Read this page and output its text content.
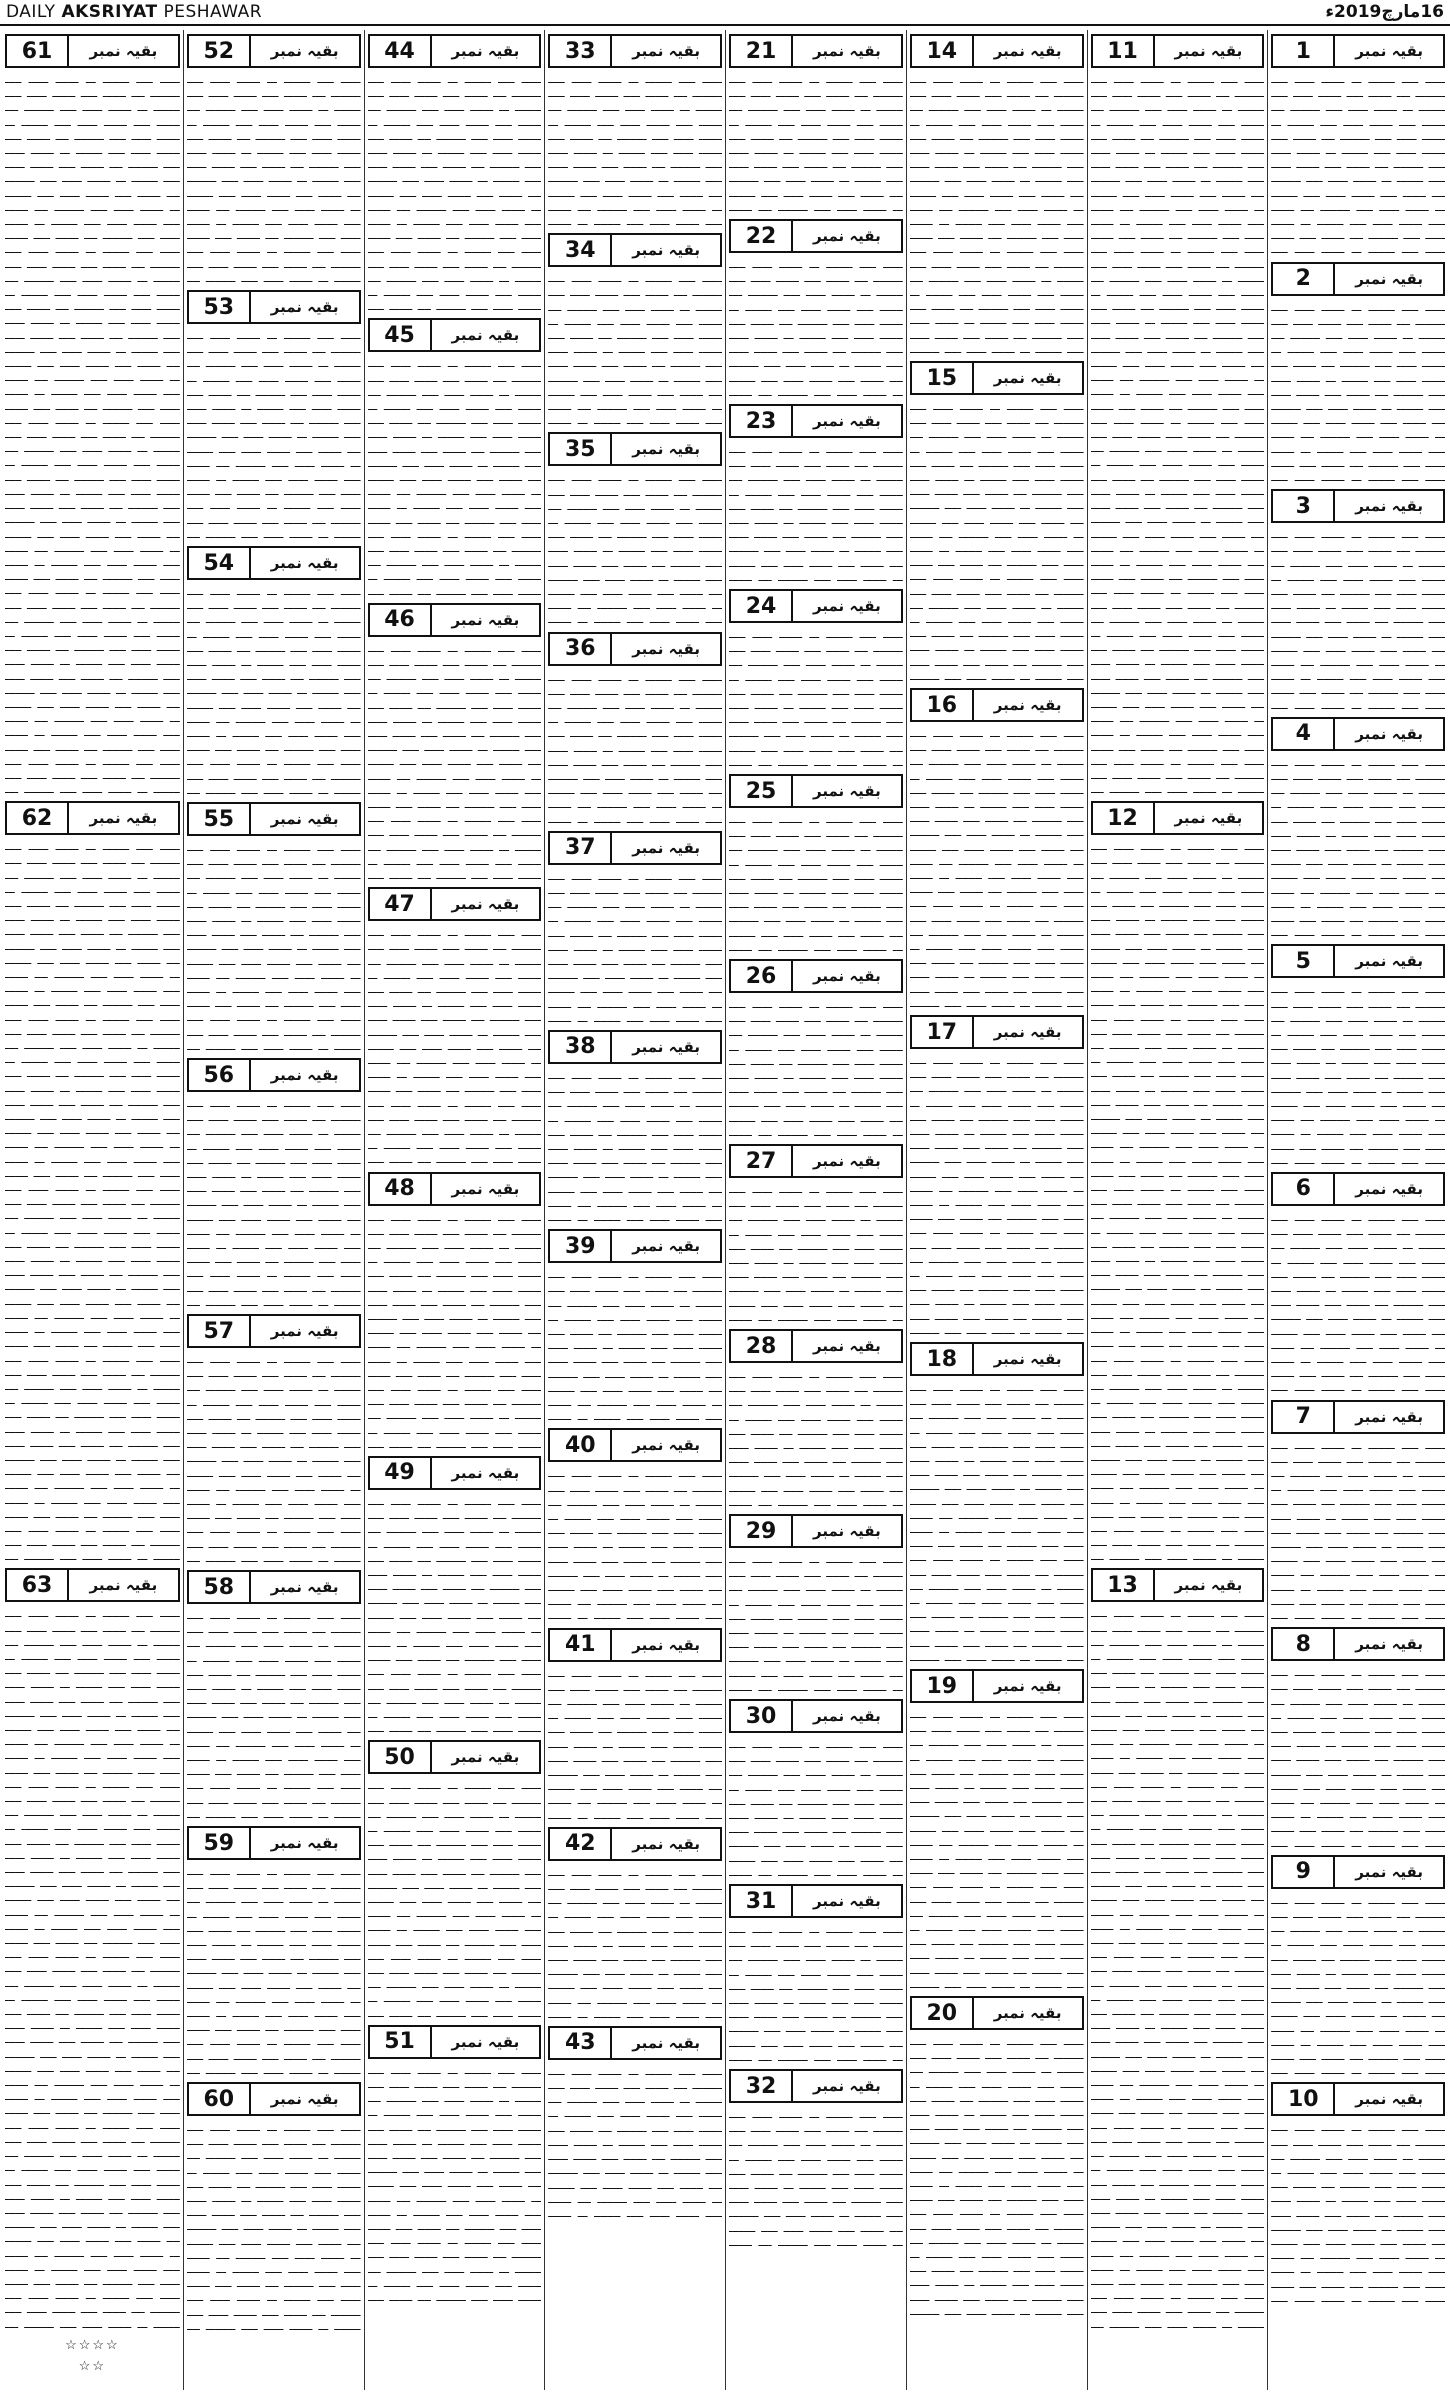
DAILY AKSRIYAT PESHAWAR	16مارچ2019ء
1	بقیہ نمبر
ــــــ ـــــ ــــــــ ـــ ـــــــ ــــــ ـــــ ـــــــــ ــــ ـــــــ ـــــ ـــــــ ــــــ ـــــ ــــــــ ـــ ـــــــ ــــــ ـــــ ـــــــــ ــــ ـــــــ ـــــ ـــــــ ــــــ ـــــ ــــــــ ـــ ـــــــ ــــــ ـــــ ـــــــــ ــــ ـــــــ ـــــ ـــــــ ــــــ ـــــ ــــــــ ـــ ـــــــ ــــــ ـــــ ـــــــــ ــــ ـــــــ ـــــ ـــــــ ــــــ ـــــ ــــــــ ـــ ـــــــ ــــــ ـــــ ـــــــــ ــــ ـــــــ ـــــ ـــــــ ــــــ ـــــ ــــــــ ـــ ـــــــ ــــــ ـــــ ـــــــــ ــــ ـــــــ ـــــ ـــــــ ــــــ ـــــ ــــــــ ـــ ـــــــ ــــــ ـــــ ـــــــــ ــــ ـــــــ ـــــ ـــــــ ــــــ ـــــ ــــــــ ـــ ـــــــ ــــــ ـــــ
2	بقیہ نمبر
ــــــ ـــــ ــــــــ ـــ ـــــــ ــــــ ـــــ ـــــــــ ــــ ـــــــ ـــــ ـــــــ ــــــ ـــــ ــــــــ ـــ ـــــــ ــــــ ـــــ ـــــــــ ــــ ـــــــ ـــــ ـــــــ ــــــ ـــــ ــــــــ ـــ ـــــــ ــــــ ـــــ ـــــــــ ــــ ـــــــ ـــــ ـــــــ ــــــ ـــــ ــــــــ ـــ ـــــــ ــــــ ـــــ ـــــــــ ــــ ـــــــ ـــــ ـــــــ ــــــ ـــــ ــــــــ ـــ ـــــــ ــــــ ـــــ ـــــــــ ــــ ـــــــ ـــــ ـــــــ ــــــ ـــــ ــــــــ ـــ ـــــــ ــــــ ـــــ ـــــــــ ــــ ـــــــ ـــــ ـــــــ ــــــ ـــــ ــــــــ ـــ ـــــــ ــــــ ـــــ ـــــــــ ــــ ـــــــ ـــــ ـــــــ ــــــ ـــــ ــــــــ ـــ ـــــــ ــــــ ـــــ
3	بقیہ نمبر
ــــــ ـــــ ــــــــ ـــ ـــــــ ــــــ ـــــ ـــــــــ ــــ ـــــــ ـــــ ـــــــ ــــــ ـــــ ــــــــ ـــ ـــــــ ــــــ ـــــ ـــــــــ ــــ ـــــــ ـــــ ـــــــ ــــــ ـــــ ــــــــ ـــ ـــــــ ــــــ ـــــ ـــــــــ ــــ ـــــــ ـــــ ـــــــ ــــــ ـــــ ــــــــ ـــ ـــــــ ــــــ ـــــ ـــــــــ ــــ ـــــــ ـــــ ـــــــ ــــــ ـــــ ــــــــ ـــ ـــــــ ــــــ ـــــ ـــــــــ ــــ ـــــــ ـــــ ـــــــ ــــــ ـــــ ــــــــ ـــ ـــــــ ــــــ ـــــ ـــــــــ ــــ ـــــــ ـــــ ـــــــ ــــــ ـــــ ــــــــ ـــ ـــــــ ــــــ ـــــ ـــــــــ ــــ ـــــــ ـــــ ـــــــ ــــــ ـــــ ــــــــ ـــ ـــــــ ــــــ ـــــ
4	بقیہ نمبر
ــــــ ـــــ ــــــــ ـــ ـــــــ ــــــ ـــــ ـــــــــ ــــ ـــــــ ـــــ ـــــــ ــــــ ـــــ ــــــــ ـــ ـــــــ ــــــ ـــــ ـــــــــ ــــ ـــــــ ـــــ ـــــــ ــــــ ـــــ ــــــــ ـــ ـــــــ ــــــ ـــــ ـــــــــ ــــ ـــــــ ـــــ ـــــــ ــــــ ـــــ ــــــــ ـــ ـــــــ ــــــ ـــــ ـــــــــ ــــ ـــــــ ـــــ ـــــــ ــــــ ـــــ ــــــــ ـــ ـــــــ ــــــ ـــــ ـــــــــ ــــ ـــــــ ـــــ ـــــــ ــــــ ـــــ ــــــــ ـــ ـــــــ ــــــ ـــــ ـــــــــ ــــ ـــــــ ـــــ ـــــــ ــــــ ـــــ ــــــــ ـــ ـــــــ ــــــ ـــــ ـــــــــ ــــ ـــــــ ـــــ ـــــــ ــــــ ـــــ ــــــــ ـــ ـــــــ ــــــ ـــــ
5	بقیہ نمبر
ــــــ ـــــ ــــــــ ـــ ـــــــ ــــــ ـــــ ـــــــــ ــــ ـــــــ ـــــ ـــــــ ــــــ ـــــ ــــــــ ـــ ـــــــ ــــــ ـــــ ـــــــــ ــــ ـــــــ ـــــ ـــــــ ــــــ ـــــ ــــــــ ـــ ـــــــ ــــــ ـــــ ـــــــــ ــــ ـــــــ ـــــ ـــــــ ــــــ ـــــ ــــــــ ـــ ـــــــ ــــــ ـــــ ـــــــــ ــــ ـــــــ ـــــ ـــــــ ــــــ ـــــ ــــــــ ـــ ـــــــ ــــــ ـــــ ـــــــــ ــــ ـــــــ ـــــ ـــــــ ــــــ ـــــ ــــــــ ـــ ـــــــ ــــــ ـــــ ـــــــــ ــــ ـــــــ ـــــ ـــــــ ــــــ ـــــ ــــــــ ـــ ـــــــ ــــــ ـــــ ـــــــــ ــــ ـــــــ ـــــ ـــــــ ــــــ ـــــ ــــــــ ـــ ـــــــ ــــــ ـــــ
6	بقیہ نمبر
ــــــ ـــــ ــــــــ ـــ ـــــــ ــــــ ـــــ ـــــــــ ــــ ـــــــ ـــــ ـــــــ ــــــ ـــــ ــــــــ ـــ ـــــــ ــــــ ـــــ ـــــــــ ــــ ـــــــ ـــــ ـــــــ ــــــ ـــــ ــــــــ ـــ ـــــــ ــــــ ـــــ ـــــــــ ــــ ـــــــ ـــــ ـــــــ ــــــ ـــــ ــــــــ ـــ ـــــــ ــــــ ـــــ ـــــــــ ــــ ـــــــ ـــــ ـــــــ ــــــ ـــــ ــــــــ ـــ ـــــــ ــــــ ـــــ ـــــــــ ــــ ـــــــ ـــــ ـــــــ ــــــ ـــــ ــــــــ ـــ ـــــــ ــــــ ـــــ ـــــــــ ــــ ـــــــ ـــــ ـــــــ ــــــ ـــــ ــــــــ ـــ ـــــــ ــــــ ـــــ ـــــــــ ــــ ـــــــ ـــــ ـــــــ ــــــ ـــــ ــــــــ ـــ ـــــــ ــــــ ـــــ
7	بقیہ نمبر
ــــــ ـــــ ــــــــ ـــ ـــــــ ــــــ ـــــ ـــــــــ ــــ ـــــــ ـــــ ـــــــ ــــــ ـــــ ــــــــ ـــ ـــــــ ــــــ ـــــ ـــــــــ ــــ ـــــــ ـــــ ـــــــ ــــــ ـــــ ــــــــ ـــ ـــــــ ــــــ ـــــ ـــــــــ ــــ ـــــــ ـــــ ـــــــ ــــــ ـــــ ــــــــ ـــ ـــــــ ــــــ ـــــ ـــــــــ ــــ ـــــــ ـــــ ـــــــ ــــــ ـــــ ــــــــ ـــ ـــــــ ــــــ ـــــ ـــــــــ ــــ ـــــــ ـــــ ـــــــ ــــــ ـــــ ــــــــ ـــ ـــــــ ــــــ ـــــ ـــــــــ ــــ ـــــــ ـــــ ـــــــ ــــــ ـــــ ــــــــ ـــ ـــــــ ــــــ ـــــ ـــــــــ ــــ ـــــــ ـــــ ـــــــ ــــــ ـــــ ــــــــ ـــ ـــــــ ــــــ ـــــ
8	بقیہ نمبر
ــــــ ـــــ ــــــــ ـــ ـــــــ ــــــ ـــــ ـــــــــ ــــ ـــــــ ـــــ ـــــــ ــــــ ـــــ ــــــــ ـــ ـــــــ ــــــ ـــــ ـــــــــ ــــ ـــــــ ـــــ ـــــــ ــــــ ـــــ ــــــــ ـــ ـــــــ ــــــ ـــــ ـــــــــ ــــ ـــــــ ـــــ ـــــــ ــــــ ـــــ ــــــــ ـــ ـــــــ ــــــ ـــــ ـــــــــ ــــ ـــــــ ـــــ ـــــــ ــــــ ـــــ ــــــــ ـــ ـــــــ ــــــ ـــــ ـــــــــ ــــ ـــــــ ـــــ ـــــــ ــــــ ـــــ ــــــــ ـــ ـــــــ ــــــ ـــــ ـــــــــ ــــ ـــــــ ـــــ ـــــــ ــــــ ـــــ ــــــــ ـــ ـــــــ ــــــ ـــــ ـــــــــ ــــ ـــــــ ـــــ ـــــــ ــــــ ـــــ ــــــــ ـــ ـــــــ ــــــ ـــــ
9	بقیہ نمبر
ــــــ ـــــ ــــــــ ـــ ـــــــ ــــــ ـــــ ـــــــــ ــــ ـــــــ ـــــ ـــــــ ــــــ ـــــ ــــــــ ـــ ـــــــ ــــــ ـــــ ـــــــــ ــــ ـــــــ ـــــ ـــــــ ــــــ ـــــ ــــــــ ـــ ـــــــ ــــــ ـــــ ـــــــــ ــــ ـــــــ ـــــ ـــــــ ــــــ ـــــ ــــــــ ـــ ـــــــ ــــــ ـــــ ـــــــــ ــــ ـــــــ ـــــ ـــــــ ــــــ ـــــ ــــــــ ـــ ـــــــ ــــــ ـــــ ـــــــــ ــــ ـــــــ ـــــ ـــــــ ــــــ ـــــ ــــــــ ـــ ـــــــ ــــــ ـــــ ـــــــــ ــــ ـــــــ ـــــ ـــــــ ــــــ ـــــ ــــــــ ـــ ـــــــ ــــــ ـــــ ـــــــــ ــــ ـــــــ ـــــ ـــــــ ــــــ ـــــ ــــــــ ـــ ـــــــ ــــــ ـــــ
10	بقیہ نمبر
ــــــ ـــــ ــــــــ ـــ ـــــــ ــــــ ـــــ ـــــــــ ــــ ـــــــ ـــــ ـــــــ ــــــ ـــــ ــــــــ ـــ ـــــــ ــــــ ـــــ ـــــــــ ــــ ـــــــ ـــــ ـــــــ ــــــ ـــــ ــــــــ ـــ ـــــــ ــــــ ـــــ ـــــــــ ــــ ـــــــ ـــــ ـــــــ ــــــ ـــــ ــــــــ ـــ ـــــــ ــــــ ـــــ ـــــــــ ــــ ـــــــ ـــــ ـــــــ ــــــ ـــــ ــــــــ ـــ ـــــــ ــــــ ـــــ ـــــــــ ــــ ـــــــ ـــــ ـــــــ ــــــ ـــــ ــــــــ ـــ ـــــــ ــــــ ـــــ ـــــــــ ــــ ـــــــ ـــــ ـــــــ ــــــ ـــــ ــــــــ ـــ ـــــــ ــــــ ـــــ ـــــــــ ــــ ـــــــ ـــــ ـــــــ ــــــ ـــــ ــــــــ ـــ ـــــــ ــــــ ـــــ
11	بقیہ نمبر
ــــــ ـــــ ــــــــ ـــ ـــــــ ــــــ ـــــ ـــــــــ ــــ ـــــــ ـــــ ـــــــ ــــــ ـــــ ــــــــ ـــ ـــــــ ــــــ ـــــ ـــــــــ ــــ ـــــــ ـــــ ـــــــ ــــــ ـــــ ــــــــ ـــ ـــــــ ــــــ ـــــ ـــــــــ ــــ ـــــــ ـــــ ـــــــ ــــــ ـــــ ــــــــ ـــ ـــــــ ــــــ ـــــ ـــــــــ ــــ ـــــــ ـــــ ـــــــ ــــــ ـــــ ــــــــ ـــ ـــــــ ــــــ ـــــ ـــــــــ ــــ ـــــــ ـــــ ـــــــ ــــــ ـــــ ــــــــ ـــ ـــــــ ــــــ ـــــ ـــــــــ ــــ ـــــــ ـــــ ـــــــ ــــــ ـــــ ــــــــ ـــ ـــــــ ــــــ ـــــ ـــــــــ ــــ ـــــــ ـــــ ـــــــ ــــــ ـــــ ــــــــ ـــ ـــــــ ــــــ ـــــ ـــــــــ ــــ ـــــــ ـــــ ـــــــ ــــــ ـــــ ــــــــ ـــ ـــــــ ــــــ ـــــ ـــــــــ ــــ ـــــــ ـــــ ـــــــ ــــــ ـــــ ــــــــ ـــ ـــــــ ــــــ ـــــ ـــــــــ ــــ ـــــــ ـــــ ـــــــ ــــــ ـــــ ــــــــ ـــ ـــــــ ــــــ ـــــ ـــــــــ ــــ ـــــــ ـــــ ـــــــ ــــــ ـــــ ــــــــ ـــ ـــــــ ــــــ ـــــ ـــــــــ ــــ ـــــــ ـــــ ـــــــ ــــــ ـــــ ــــــــ ـــ ـــــــ ــــــ ـــــ ـــــــــ ــــ ـــــــ ـــــ ـــــــ ــــــ ـــــ ــــــــ ـــ ـــــــ ــــــ ـــــ ـــــــــ ــــ ـــــــ ـــــ ـــــــ ــــــ ـــــ ــــــــ ـــ ـــــــ ــــــ ـــــ ـــــــــ ــــ ـــــــ ـــــ ـــــــ ــــــ ـــــ ــــــــ ـــ ـــــــ ــــــ ـــــ ـــــــــ ــــ ـــــــ ـــــ ـــــــ ــــــ ـــــ ــــــــ ـــ ـــــــ ــــــ ـــــ ـــــــــ ــــ ـــــــ ـــــ ـــــــ ــــــ ـــــ ــــــــ ـــ ـــــــ ــــــ ـــــ ـــــــــ ــــ ـــــــ ـــــ ـــــــ ــــــ ـــــ ــــــــ ـــ ـــــــ ــــــ ـــــ ـــــــــ ــــ ـــــــ ـــــ ـــــــ ــــــ ـــــ ــــــــ ـــ ـــــــ ــــــ ـــــ ـــــــــ ــــ ـــــــ ـــــ ـــــــ ــــــ ـــــ ــــــــ ـــ ـــــــ ــــــ ـــــ ـــــــــ ــــ ـــــــ ـــــ ـــــــ ــــــ ـــــ ــــــــ ـــ ـــــــ ــــــ ـــــ ـــــــــ ــــ ـــــــ ـــــ ـــــــ ــــــ ـــــ ــــــــ ـــ ـــــــ ــــــ ـــــ ـــــــــ ــــ ـــــــ ـــــ ـــــــ ــــــ ـــــ ــــــــ ـــ ـــــــ ــــــ ـــــ ـــــــــ ــــ ـــــــ ـــــ ـــــــ ــــــ ـــــ ــــــــ ـــ ـــــــ ــــــ ـــــ ـــــــــ ــــ ـــــــ ـــــ ـــــــ ــــــ ـــــ ــــــــ ـــ ـــــــ ــــــ ـــــ ـــــــــ ــــ ـــــــ ـــــ ـــــــ ــــــ ـــــ ــــــــ ـــ ـــــــ ــــــ ـــــ ـــــــــ ــــ ـــــــ ـــــ ـــــــ ــــــ ـــــ ــــــــ ـــ ـــــــ ــــــ ـــــ ـــــــــ ــــ ـــــــ ـــــ ـــــــ ــــــ ـــــ ــــــــ ـــ ـــــــ ــــــ ـــــ ـــــــــ ــــ ـــــــ ـــــ ـــــــ ــــــ ـــــ ــــــــ ـــ ـــــــ ــــــ ـــــ ـــــــــ ــــ
12	بقیہ نمبر
ــــــ ـــــ ــــــــ ـــ ـــــــ ــــــ ـــــ ـــــــــ ــــ ـــــــ ـــــ ـــــــ ــــــ ـــــ ــــــــ ـــ ـــــــ ــــــ ـــــ ـــــــــ ــــ ـــــــ ـــــ ـــــــ ــــــ ـــــ ــــــــ ـــ ـــــــ ــــــ ـــــ ـــــــــ ــــ ـــــــ ـــــ ـــــــ ــــــ ـــــ ــــــــ ـــ ـــــــ ــــــ ـــــ ـــــــــ ــــ ـــــــ ـــــ ـــــــ ــــــ ـــــ ــــــــ ـــ ـــــــ ــــــ ـــــ ـــــــــ ــــ ـــــــ ـــــ ـــــــ ــــــ ـــــ ــــــــ ـــ ـــــــ ــــــ ـــــ ـــــــــ ــــ ـــــــ ـــــ ـــــــ ــــــ ـــــ ــــــــ ـــ ـــــــ ــــــ ـــــ ـــــــــ ــــ ـــــــ ـــــ ـــــــ ــــــ ـــــ ــــــــ ـــ ـــــــ ــــــ ـــــ ـــــــــ ــــ ـــــــ ـــــ ـــــــ ــــــ ـــــ ــــــــ ـــ ـــــــ ــــــ ـــــ ـــــــــ ــــ ـــــــ ـــــ ـــــــ ــــــ ـــــ ــــــــ ـــ ـــــــ ــــــ ـــــ ـــــــــ ــــ ـــــــ ـــــ ـــــــ ــــــ ـــــ ــــــــ ـــ ـــــــ ــــــ ـــــ ـــــــــ ــــ ـــــــ ـــــ ـــــــ ــــــ ـــــ ــــــــ ـــ ـــــــ ــــــ ـــــ ـــــــــ ــــ ـــــــ ـــــ ـــــــ ــــــ ـــــ ــــــــ ـــ ـــــــ ــــــ ـــــ ـــــــــ ــــ ـــــــ ـــــ ـــــــ ــــــ ـــــ ــــــــ ـــ ـــــــ ــــــ ـــــ ـــــــــ ــــ ـــــــ ـــــ ـــــــ ــــــ ـــــ ــــــــ ـــ ـــــــ ــــــ ـــــ ـــــــــ ــــ ـــــــ ـــــ ـــــــ ــــــ ـــــ ــــــــ ـــ ـــــــ ــــــ ـــــ ـــــــــ ــــ ـــــــ ـــــ ـــــــ ــــــ ـــــ ــــــــ ـــ ـــــــ ــــــ ـــــ ـــــــــ ــــ ـــــــ ـــــ ـــــــ ــــــ ـــــ ــــــــ ـــ ـــــــ ــــــ ـــــ ـــــــــ ــــ ـــــــ ـــــ ـــــــ ــــــ ـــــ ــــــــ ـــ ـــــــ ــــــ ـــــ ـــــــــ ــــ ـــــــ ـــــ ـــــــ ــــــ ـــــ ــــــــ ـــ ـــــــ ــــــ ـــــ ـــــــــ ــــ ـــــــ ـــــ ـــــــ ــــــ ـــــ ــــــــ ـــ ـــــــ ــــــ ـــــ ـــــــــ ــــ ـــــــ ـــــ ـــــــ ــــــ ـــــ ــــــــ ـــ ـــــــ ــــــ ـــــ ـــــــــ ــــ ـــــــ ـــــ ـــــــ ــــــ ـــــ ــــــــ ـــ ـــــــ ــــــ ـــــ ـــــــــ ــــ ـــــــ ـــــ ـــــــ ــــــ ـــــ ــــــــ ـــ ـــــــ ــــــ ـــــ ـــــــــ ــــ ـــــــ ـــــ ـــــــ ــــــ ـــــ ــــــــ ـــ ـــــــ ــــــ ـــــ ـــــــــ ــــ ـــــــ ـــــ ـــــــ ــــــ ـــــ ــــــــ ـــ ـــــــ ــــــ ـــــ ـــــــــ ــــ ـــــــ ـــــ ـــــــ ــــــ ـــــ ــــــــ ـــ ـــــــ ــــــ ـــــ ـــــــــ ــــ ـــــــ ـــــ ـــــــ ــــــ ـــــ ــــــــ ـــ ـــــــ ــــــ ـــــ ـــــــــ ــــ ـــــــ ـــــ ـــــــ ــــــ ـــــ ــــــــ ـــ ـــــــ ــــــ ـــــ ـــــــــ ــــ ـــــــ ـــــ ـــــــ ــــــ ـــــ ــــــــ ـــ ـــــــ ــــــ ـــــ ـــــــــ ــــ
13	بقیہ نمبر
ــــــ ـــــ ــــــــ ـــ ـــــــ ــــــ ـــــ ـــــــــ ــــ ـــــــ ـــــ ـــــــ ــــــ ـــــ ــــــــ ـــ ـــــــ ــــــ ـــــ ـــــــــ ــــ ـــــــ ـــــ ـــــــ ــــــ ـــــ ــــــــ ـــ ـــــــ ــــــ ـــــ ـــــــــ ــــ ـــــــ ـــــ ـــــــ ــــــ ـــــ ــــــــ ـــ ـــــــ ــــــ ـــــ ـــــــــ ــــ ـــــــ ـــــ ـــــــ ــــــ ـــــ ــــــــ ـــ ـــــــ ــــــ ـــــ ـــــــــ ــــ ـــــــ ـــــ ـــــــ ــــــ ـــــ ــــــــ ـــ ـــــــ ــــــ ـــــ ـــــــــ ــــ ـــــــ ـــــ ـــــــ ــــــ ـــــ ــــــــ ـــ ـــــــ ــــــ ـــــ ـــــــــ ــــ ـــــــ ـــــ ـــــــ ــــــ ـــــ ــــــــ ـــ ـــــــ ــــــ ـــــ ـــــــــ ــــ ـــــــ ـــــ ـــــــ ــــــ ـــــ ــــــــ ـــ ـــــــ ــــــ ـــــ ـــــــــ ــــ ـــــــ ـــــ ـــــــ ــــــ ـــــ ــــــــ ـــ ـــــــ ــــــ ـــــ ـــــــــ ــــ ـــــــ ـــــ ـــــــ ــــــ ـــــ ــــــــ ـــ ـــــــ ــــــ ـــــ ـــــــــ ــــ ـــــــ ـــــ ـــــــ ــــــ ـــــ ــــــــ ـــ ـــــــ ــــــ ـــــ ـــــــــ ــــ ـــــــ ـــــ ـــــــ ــــــ ـــــ ــــــــ ـــ ـــــــ ــــــ ـــــ ـــــــــ ــــ ـــــــ ـــــ ـــــــ ــــــ ـــــ ــــــــ ـــ ـــــــ ــــــ ـــــ ـــــــــ ــــ ـــــــ ـــــ ـــــــ ــــــ ـــــ ــــــــ ـــ ـــــــ ــــــ ـــــ ـــــــــ ــــ ـــــــ ـــــ ـــــــ ــــــ ـــــ ــــــــ ـــ ـــــــ ــــــ ـــــ ـــــــــ ــــ ـــــــ ـــــ ـــــــ ــــــ ـــــ ــــــــ ـــ ـــــــ ــــــ ـــــ ـــــــــ ــــ ـــــــ ـــــ ـــــــ ــــــ ـــــ ــــــــ ـــ ـــــــ ــــــ ـــــ ـــــــــ ــــ ـــــــ ـــــ ـــــــ ــــــ ـــــ ــــــــ ـــ ـــــــ ــــــ ـــــ ـــــــــ ــــ ـــــــ ـــــ ـــــــ ــــــ ـــــ ــــــــ ـــ ـــــــ ــــــ ـــــ ـــــــــ ــــ ـــــــ ـــــ ـــــــ ــــــ ـــــ ــــــــ ـــ ـــــــ ــــــ ـــــ ـــــــــ ــــ ـــــــ ـــــ ـــــــ ــــــ ـــــ ــــــــ ـــ ـــــــ ــــــ ـــــ ـــــــــ ــــ ـــــــ ـــــ ـــــــ ــــــ ـــــ ــــــــ ـــ ـــــــ ــــــ ـــــ ـــــــــ ــــ ـــــــ ـــــ ـــــــ ــــــ ـــــ ــــــــ ـــ ـــــــ ــــــ ـــــ ـــــــــ ــــ ـــــــ ـــــ ـــــــ ــــــ ـــــ ــــــــ ـــ ـــــــ ــــــ ـــــ ـــــــــ ــــ ـــــــ ـــــ ـــــــ ــــــ ـــــ ــــــــ ـــ ـــــــ ــــــ ـــــ ـــــــــ ــــ ـــــــ ـــــ ـــــــ ــــــ ـــــ ــــــــ ـــ ـــــــ ــــــ ـــــ ـــــــــ ــــ ـــــــ ـــــ ـــــــ ــــــ ـــــ ــــــــ ـــ ـــــــ ــــــ ـــــ ـــــــــ ــــ ـــــــ ـــــ ـــــــ ــــــ ـــــ ــــــــ ـــ ـــــــ ــــــ ـــــ ـــــــــ ــــ ـــــــ ـــــ ـــــــ ــــــ ـــــ ــــــــ ـــ ـــــــ ــــــ ـــــ ـــــــــ ــــ
14	بقیہ نمبر
ــــــ ـــــ ــــــــ ـــ ـــــــ ــــــ ـــــ ـــــــــ ــــ ـــــــ ـــــ ـــــــ ــــــ ـــــ ــــــــ ـــ ـــــــ ــــــ ـــــ ـــــــــ ــــ ـــــــ ـــــ ـــــــ ــــــ ـــــ ــــــــ ـــ ـــــــ ــــــ ـــــ ـــــــــ ــــ ـــــــ ـــــ ـــــــ ــــــ ـــــ ــــــــ ـــ ـــــــ ــــــ ـــــ ـــــــــ ــــ ـــــــ ـــــ ـــــــ ــــــ ـــــ ــــــــ ـــ ـــــــ ــــــ ـــــ ـــــــــ ــــ ـــــــ ـــــ ـــــــ ــــــ ـــــ ــــــــ ـــ ـــــــ ــــــ ـــــ ـــــــــ ــــ ـــــــ ـــــ ـــــــ ــــــ ـــــ ــــــــ ـــ ـــــــ ــــــ ـــــ ـــــــــ ــــ ـــــــ ـــــ ـــــــ ــــــ ـــــ ــــــــ ـــ ـــــــ ــــــ ـــــ ـــــــــ ــــ ـــــــ ـــــ ـــــــ ــــــ ـــــ ــــــــ ـــ ـــــــ ــــــ ـــــ ـــــــــ ــــ ـــــــ ـــــ ـــــــ ــــــ ـــــ ــــــــ ـــ ـــــــ ــــــ ـــــ ـــــــــ ــــ ـــــــ ـــــ ـــــــ ــــــ ـــــ ــــــــ ـــ ـــــــ ــــــ ـــــ ـــــــــ ــــ ـــــــ ـــــ ـــــــ ــــــ ـــــ ــــــــ ـــ ـــــــ ــــــ ـــــ ـــــــــ
15	بقیہ نمبر
ــــــ ـــــ ــــــــ ـــ ـــــــ ــــــ ـــــ ـــــــــ ــــ ـــــــ ـــــ ـــــــ ــــــ ـــــ ــــــــ ـــ ـــــــ ــــــ ـــــ ـــــــــ ــــ ـــــــ ـــــ ـــــــ ــــــ ـــــ ــــــــ ـــ ـــــــ ــــــ ـــــ ـــــــــ ــــ ـــــــ ـــــ ـــــــ ــــــ ـــــ ــــــــ ـــ ـــــــ ــــــ ـــــ ـــــــــ ــــ ـــــــ ـــــ ـــــــ ــــــ ـــــ ــــــــ ـــ ـــــــ ــــــ ـــــ ـــــــــ ــــ ـــــــ ـــــ ـــــــ ــــــ ـــــ ــــــــ ـــ ـــــــ ــــــ ـــــ ـــــــــ ــــ ـــــــ ـــــ ـــــــ ــــــ ـــــ ــــــــ ـــ ـــــــ ــــــ ـــــ ـــــــــ ــــ ـــــــ ـــــ ـــــــ ــــــ ـــــ ــــــــ ـــ ـــــــ ــــــ ـــــ ـــــــــ ــــ ـــــــ ـــــ ـــــــ ــــــ ـــــ ــــــــ ـــ ـــــــ ــــــ ـــــ ـــــــــ ــــ ـــــــ ـــــ ـــــــ ــــــ ـــــ ــــــــ ـــ ـــــــ ــــــ ـــــ ـــــــــ ــــ ـــــــ ـــــ ـــــــ ــــــ ـــــ ــــــــ ـــ ـــــــ ــــــ ـــــ ـــــــــ ــــ ـــــــ ـــــ ـــــــ ــــــ ـــــ ــــــــ ـــ ـــــــ ــــــ ـــــ ـــــــــ
16	بقیہ نمبر
ــــــ ـــــ ــــــــ ـــ ـــــــ ــــــ ـــــ ـــــــــ ــــ ـــــــ ـــــ ـــــــ ــــــ ـــــ ــــــــ ـــ ـــــــ ــــــ ـــــ ـــــــــ ــــ ـــــــ ـــــ ـــــــ ــــــ ـــــ ــــــــ ـــ ـــــــ ــــــ ـــــ ـــــــــ ــــ ـــــــ ـــــ ـــــــ ــــــ ـــــ ــــــــ ـــ ـــــــ ــــــ ـــــ ـــــــــ ــــ ـــــــ ـــــ ـــــــ ــــــ ـــــ ــــــــ ـــ ـــــــ ــــــ ـــــ ـــــــــ ــــ ـــــــ ـــــ ـــــــ ــــــ ـــــ ــــــــ ـــ ـــــــ ــــــ ـــــ ـــــــــ ــــ ـــــــ ـــــ ـــــــ ــــــ ـــــ ــــــــ ـــ ـــــــ ــــــ ـــــ ـــــــــ ــــ ـــــــ ـــــ ـــــــ ــــــ ـــــ ــــــــ ـــ ـــــــ ــــــ ـــــ ـــــــــ ــــ ـــــــ ـــــ ـــــــ ــــــ ـــــ ــــــــ ـــ ـــــــ ــــــ ـــــ ـــــــــ ــــ ـــــــ ـــــ ـــــــ ــــــ ـــــ ــــــــ ـــ ـــــــ ــــــ ـــــ ـــــــــ ــــ ـــــــ ـــــ ـــــــ ــــــ ـــــ ــــــــ ـــ ـــــــ ــــــ ـــــ ـــــــــ ــــ ـــــــ ـــــ ـــــــ ــــــ ـــــ ــــــــ ـــ ـــــــ ــــــ ـــــ ـــــــــ
17	بقیہ نمبر
ــــــ ـــــ ــــــــ ـــ ـــــــ ــــــ ـــــ ـــــــــ ــــ ـــــــ ـــــ ـــــــ ــــــ ـــــ ــــــــ ـــ ـــــــ ــــــ ـــــ ـــــــــ ــــ ـــــــ ـــــ ـــــــ ــــــ ـــــ ــــــــ ـــ ـــــــ ــــــ ـــــ ـــــــــ ــــ ـــــــ ـــــ ـــــــ ــــــ ـــــ ــــــــ ـــ ـــــــ ــــــ ـــــ ـــــــــ ــــ ـــــــ ـــــ ـــــــ ــــــ ـــــ ــــــــ ـــ ـــــــ ــــــ ـــــ ـــــــــ ــــ ـــــــ ـــــ ـــــــ ــــــ ـــــ ــــــــ ـــ ـــــــ ــــــ ـــــ ـــــــــ ــــ ـــــــ ـــــ ـــــــ ــــــ ـــــ ــــــــ ـــ ـــــــ ــــــ ـــــ ـــــــــ ــــ ـــــــ ـــــ ـــــــ ــــــ ـــــ ــــــــ ـــ ـــــــ ــــــ ـــــ ـــــــــ ــــ ـــــــ ـــــ ـــــــ ــــــ ـــــ ــــــــ ـــ ـــــــ ــــــ ـــــ ـــــــــ ــــ ـــــــ ـــــ ـــــــ ــــــ ـــــ ــــــــ ـــ ـــــــ ــــــ ـــــ ـــــــــ ــــ ـــــــ ـــــ ـــــــ ــــــ ـــــ ــــــــ ـــ ـــــــ ــــــ ـــــ ـــــــــ ــــ ـــــــ ـــــ ـــــــ ــــــ ـــــ ــــــــ ـــ ـــــــ ــــــ ـــــ ـــــــــ
18	بقیہ نمبر
ــــــ ـــــ ــــــــ ـــ ـــــــ ــــــ ـــــ ـــــــــ ــــ ـــــــ ـــــ ـــــــ ــــــ ـــــ ــــــــ ـــ ـــــــ ــــــ ـــــ ـــــــــ ــــ ـــــــ ـــــ ـــــــ ــــــ ـــــ ــــــــ ـــ ـــــــ ــــــ ـــــ ـــــــــ ــــ ـــــــ ـــــ ـــــــ ــــــ ـــــ ــــــــ ـــ ـــــــ ــــــ ـــــ ـــــــــ ــــ ـــــــ ـــــ ـــــــ ــــــ ـــــ ــــــــ ـــ ـــــــ ــــــ ـــــ ـــــــــ ــــ ـــــــ ـــــ ـــــــ ــــــ ـــــ ــــــــ ـــ ـــــــ ــــــ ـــــ ـــــــــ ــــ ـــــــ ـــــ ـــــــ ــــــ ـــــ ــــــــ ـــ ـــــــ ــــــ ـــــ ـــــــــ ــــ ـــــــ ـــــ ـــــــ ــــــ ـــــ ــــــــ ـــ ـــــــ ــــــ ـــــ ـــــــــ ــــ ـــــــ ـــــ ـــــــ ــــــ ـــــ ــــــــ ـــ ـــــــ ــــــ ـــــ ـــــــــ ــــ ـــــــ ـــــ ـــــــ ــــــ ـــــ ــــــــ ـــ ـــــــ ــــــ ـــــ ـــــــــ ــــ ـــــــ ـــــ ـــــــ ــــــ ـــــ ــــــــ ـــ ـــــــ ــــــ ـــــ ـــــــــ ــــ ـــــــ ـــــ ـــــــ ــــــ ـــــ ــــــــ ـــ ـــــــ ــــــ ـــــ ـــــــــ
19	بقیہ نمبر
ــــــ ـــــ ــــــــ ـــ ـــــــ ــــــ ـــــ ـــــــــ ــــ ـــــــ ـــــ ـــــــ ــــــ ـــــ ــــــــ ـــ ـــــــ ــــــ ـــــ ـــــــــ ــــ ـــــــ ـــــ ـــــــ ــــــ ـــــ ــــــــ ـــ ـــــــ ــــــ ـــــ ـــــــــ ــــ ـــــــ ـــــ ـــــــ ــــــ ـــــ ــــــــ ـــ ـــــــ ــــــ ـــــ ـــــــــ ــــ ـــــــ ـــــ ـــــــ ــــــ ـــــ ــــــــ ـــ ـــــــ ــــــ ـــــ ـــــــــ ــــ ـــــــ ـــــ ـــــــ ــــــ ـــــ ــــــــ ـــ ـــــــ ــــــ ـــــ ـــــــــ ــــ ـــــــ ـــــ ـــــــ ــــــ ـــــ ــــــــ ـــ ـــــــ ــــــ ـــــ ـــــــــ ــــ ـــــــ ـــــ ـــــــ ــــــ ـــــ ــــــــ ـــ ـــــــ ــــــ ـــــ ـــــــــ ــــ ـــــــ ـــــ ـــــــ ــــــ ـــــ ــــــــ ـــ ـــــــ ــــــ ـــــ ـــــــــ ــــ ـــــــ ـــــ ـــــــ ــــــ ـــــ ــــــــ ـــ ـــــــ ــــــ ـــــ ـــــــــ ــــ ـــــــ ـــــ ـــــــ ــــــ ـــــ ــــــــ ـــ ـــــــ ــــــ ـــــ ـــــــــ ــــ ـــــــ ـــــ ـــــــ ــــــ ـــــ ــــــــ ـــ ـــــــ ــــــ ـــــ ـــــــــ
20	بقیہ نمبر
ــــــ ـــــ ــــــــ ـــ ـــــــ ــــــ ـــــ ـــــــــ ــــ ـــــــ ـــــ ـــــــ ــــــ ـــــ ــــــــ ـــ ـــــــ ــــــ ـــــ ـــــــــ ــــ ـــــــ ـــــ ـــــــ ــــــ ـــــ ــــــــ ـــ ـــــــ ــــــ ـــــ ـــــــــ ــــ ـــــــ ـــــ ـــــــ ــــــ ـــــ ــــــــ ـــ ـــــــ ــــــ ـــــ ـــــــــ ــــ ـــــــ ـــــ ـــــــ ــــــ ـــــ ــــــــ ـــ ـــــــ ــــــ ـــــ ـــــــــ ــــ ـــــــ ـــــ ـــــــ ــــــ ـــــ ــــــــ ـــ ـــــــ ــــــ ـــــ ـــــــــ ــــ ـــــــ ـــــ ـــــــ ــــــ ـــــ ــــــــ ـــ ـــــــ ــــــ ـــــ ـــــــــ ــــ ـــــــ ـــــ ـــــــ ــــــ ـــــ ــــــــ ـــ ـــــــ ــــــ ـــــ ـــــــــ ــــ ـــــــ ـــــ ـــــــ ــــــ ـــــ ــــــــ ـــ ـــــــ ــــــ ـــــ ـــــــــ ــــ ـــــــ ـــــ ـــــــ ــــــ ـــــ ــــــــ ـــ ـــــــ ــــــ ـــــ ـــــــــ ــــ ـــــــ ـــــ ـــــــ ــــــ ـــــ ــــــــ ـــ ـــــــ ــــــ ـــــ ـــــــــ ــــ ـــــــ ـــــ ـــــــ ــــــ ـــــ ــــــــ ـــ ـــــــ ــــــ ـــــ ـــــــــ
21	بقیہ نمبر
ــــــ ـــــ ــــــــ ـــ ـــــــ ــــــ ـــــ ـــــــــ ــــ ـــــــ ـــــ ـــــــ ــــــ ـــــ ــــــــ ـــ ـــــــ ــــــ ـــــ ـــــــــ ــــ ـــــــ ـــــ ـــــــ ــــــ ـــــ ــــــــ ـــ ـــــــ ــــــ ـــــ ـــــــــ ــــ ـــــــ ـــــ ـــــــ ــــــ ـــــ ــــــــ ـــ ـــــــ ــــــ ـــــ ـــــــــ ــــ ـــــــ ـــــ ـــــــ ــــــ ـــــ ــــــــ ـــ ـــــــ ــــــ ـــــ ـــــــــ ــــ ـــــــ ـــــ ـــــــ ــــــ ـــــ ــــــــ ـــ ـــــــ ــــــ ـــــ ـــــــــ ــــ ـــــــ
22	بقیہ نمبر
ــــــ ـــــ ــــــــ ـــ ـــــــ ــــــ ـــــ ـــــــــ ــــ ـــــــ ـــــ ـــــــ ــــــ ـــــ ــــــــ ـــ ـــــــ ــــــ ـــــ ـــــــــ ــــ ـــــــ ـــــ ـــــــ ــــــ ـــــ ــــــــ ـــ ـــــــ ــــــ ـــــ ـــــــــ ــــ ـــــــ ـــــ ـــــــ ــــــ ـــــ ــــــــ ـــ ـــــــ ــــــ ـــــ ـــــــــ ــــ ـــــــ ـــــ ـــــــ ــــــ ـــــ ــــــــ ـــ ـــــــ ــــــ ـــــ ـــــــــ ــــ ـــــــ ـــــ ـــــــ ــــــ ـــــ ــــــــ ـــ ـــــــ ــــــ ـــــ ـــــــــ ــــ ـــــــ
23	بقیہ نمبر
ــــــ ـــــ ــــــــ ـــ ـــــــ ــــــ ـــــ ـــــــــ ــــ ـــــــ ـــــ ـــــــ ــــــ ـــــ ــــــــ ـــ ـــــــ ــــــ ـــــ ـــــــــ ــــ ـــــــ ـــــ ـــــــ ــــــ ـــــ ــــــــ ـــ ـــــــ ــــــ ـــــ ـــــــــ ــــ ـــــــ ـــــ ـــــــ ــــــ ـــــ ــــــــ ـــ ـــــــ ــــــ ـــــ ـــــــــ ــــ ـــــــ ـــــ ـــــــ ــــــ ـــــ ــــــــ ـــ ـــــــ ــــــ ـــــ ـــــــــ ــــ ـــــــ ـــــ ـــــــ ــــــ ـــــ ــــــــ ـــ ـــــــ ــــــ ـــــ ـــــــــ ــــ ـــــــ
24	بقیہ نمبر
ــــــ ـــــ ــــــــ ـــ ـــــــ ــــــ ـــــ ـــــــــ ــــ ـــــــ ـــــ ـــــــ ــــــ ـــــ ــــــــ ـــ ـــــــ ــــــ ـــــ ـــــــــ ــــ ـــــــ ـــــ ـــــــ ــــــ ـــــ ــــــــ ـــ ـــــــ ــــــ ـــــ ـــــــــ ــــ ـــــــ ـــــ ـــــــ ــــــ ـــــ ــــــــ ـــ ـــــــ ــــــ ـــــ ـــــــــ ــــ ـــــــ ـــــ ـــــــ ــــــ ـــــ ــــــــ ـــ ـــــــ ــــــ ـــــ ـــــــــ ــــ ـــــــ ـــــ ـــــــ ــــــ ـــــ ــــــــ ـــ ـــــــ ــــــ ـــــ ـــــــــ ــــ ـــــــ
25	بقیہ نمبر
ــــــ ـــــ ــــــــ ـــ ـــــــ ــــــ ـــــ ـــــــــ ــــ ـــــــ ـــــ ـــــــ ــــــ ـــــ ــــــــ ـــ ـــــــ ــــــ ـــــ ـــــــــ ــــ ـــــــ ـــــ ـــــــ ــــــ ـــــ ــــــــ ـــ ـــــــ ــــــ ـــــ ـــــــــ ــــ ـــــــ ـــــ ـــــــ ــــــ ـــــ ــــــــ ـــ ـــــــ ــــــ ـــــ ـــــــــ ــــ ـــــــ ـــــ ـــــــ ــــــ ـــــ ــــــــ ـــ ـــــــ ــــــ ـــــ ـــــــــ ــــ ـــــــ ـــــ ـــــــ ــــــ ـــــ ــــــــ ـــ ـــــــ ــــــ ـــــ ـــــــــ ــــ ـــــــ
26	بقیہ نمبر
ــــــ ـــــ ــــــــ ـــ ـــــــ ــــــ ـــــ ـــــــــ ــــ ـــــــ ـــــ ـــــــ ــــــ ـــــ ــــــــ ـــ ـــــــ ــــــ ـــــ ـــــــــ ــــ ـــــــ ـــــ ـــــــ ــــــ ـــــ ــــــــ ـــ ـــــــ ــــــ ـــــ ـــــــــ ــــ ـــــــ ـــــ ـــــــ ــــــ ـــــ ــــــــ ـــ ـــــــ ــــــ ـــــ ـــــــــ ــــ ـــــــ ـــــ ـــــــ ــــــ ـــــ ــــــــ ـــ ـــــــ ــــــ ـــــ ـــــــــ ــــ ـــــــ ـــــ ـــــــ ــــــ ـــــ ــــــــ ـــ ـــــــ ــــــ ـــــ ـــــــــ ــــ ـــــــ
27	بقیہ نمبر
ــــــ ـــــ ــــــــ ـــ ـــــــ ــــــ ـــــ ـــــــــ ــــ ـــــــ ـــــ ـــــــ ــــــ ـــــ ــــــــ ـــ ـــــــ ــــــ ـــــ ـــــــــ ــــ ـــــــ ـــــ ـــــــ ــــــ ـــــ ــــــــ ـــ ـــــــ ــــــ ـــــ ـــــــــ ــــ ـــــــ ـــــ ـــــــ ــــــ ـــــ ــــــــ ـــ ـــــــ ــــــ ـــــ ـــــــــ ــــ ـــــــ ـــــ ـــــــ ــــــ ـــــ ــــــــ ـــ ـــــــ ــــــ ـــــ ـــــــــ ــــ ـــــــ ـــــ ـــــــ ــــــ ـــــ ــــــــ ـــ ـــــــ ــــــ ـــــ ـــــــــ ــــ ـــــــ
28	بقیہ نمبر
ــــــ ـــــ ــــــــ ـــ ـــــــ ــــــ ـــــ ـــــــــ ــــ ـــــــ ـــــ ـــــــ ــــــ ـــــ ــــــــ ـــ ـــــــ ــــــ ـــــ ـــــــــ ــــ ـــــــ ـــــ ـــــــ ــــــ ـــــ ــــــــ ـــ ـــــــ ــــــ ـــــ ـــــــــ ــــ ـــــــ ـــــ ـــــــ ــــــ ـــــ ــــــــ ـــ ـــــــ ــــــ ـــــ ـــــــــ ــــ ـــــــ ـــــ ـــــــ ــــــ ـــــ ــــــــ ـــ ـــــــ ــــــ ـــــ ـــــــــ ــــ ـــــــ ـــــ ـــــــ ــــــ ـــــ ــــــــ ـــ ـــــــ ــــــ ـــــ ـــــــــ ــــ ـــــــ
29	بقیہ نمبر
ــــــ ـــــ ــــــــ ـــ ـــــــ ــــــ ـــــ ـــــــــ ــــ ـــــــ ـــــ ـــــــ ــــــ ـــــ ــــــــ ـــ ـــــــ ــــــ ـــــ ـــــــــ ــــ ـــــــ ـــــ ـــــــ ــــــ ـــــ ــــــــ ـــ ـــــــ ــــــ ـــــ ـــــــــ ــــ ـــــــ ـــــ ـــــــ ــــــ ـــــ ــــــــ ـــ ـــــــ ــــــ ـــــ ـــــــــ ــــ ـــــــ ـــــ ـــــــ ــــــ ـــــ ــــــــ ـــ ـــــــ ــــــ ـــــ ـــــــــ ــــ ـــــــ ـــــ ـــــــ ــــــ ـــــ ــــــــ ـــ ـــــــ ــــــ ـــــ ـــــــــ ــــ ـــــــ
30	بقیہ نمبر
ــــــ ـــــ ــــــــ ـــ ـــــــ ــــــ ـــــ ـــــــــ ــــ ـــــــ ـــــ ـــــــ ــــــ ـــــ ــــــــ ـــ ـــــــ ــــــ ـــــ ـــــــــ ــــ ـــــــ ـــــ ـــــــ ــــــ ـــــ ــــــــ ـــ ـــــــ ــــــ ـــــ ـــــــــ ــــ ـــــــ ـــــ ـــــــ ــــــ ـــــ ــــــــ ـــ ـــــــ ــــــ ـــــ ـــــــــ ــــ ـــــــ ـــــ ـــــــ ــــــ ـــــ ــــــــ ـــ ـــــــ ــــــ ـــــ ـــــــــ ــــ ـــــــ ـــــ ـــــــ ــــــ ـــــ ــــــــ ـــ ـــــــ ــــــ ـــــ ـــــــــ ــــ ـــــــ
31	بقیہ نمبر
ــــــ ـــــ ــــــــ ـــ ـــــــ ــــــ ـــــ ـــــــــ ــــ ـــــــ ـــــ ـــــــ ــــــ ـــــ ــــــــ ـــ ـــــــ ــــــ ـــــ ـــــــــ ــــ ـــــــ ـــــ ـــــــ ــــــ ـــــ ــــــــ ـــ ـــــــ ــــــ ـــــ ـــــــــ ــــ ـــــــ ـــــ ـــــــ ــــــ ـــــ ــــــــ ـــ ـــــــ ــــــ ـــــ ـــــــــ ــــ ـــــــ ـــــ ـــــــ ــــــ ـــــ ــــــــ ـــ ـــــــ ــــــ ـــــ ـــــــــ ــــ ـــــــ ـــــ ـــــــ ــــــ ـــــ ــــــــ ـــ ـــــــ ــــــ ـــــ ـــــــــ ــــ ـــــــ
32	بقیہ نمبر
ــــــ ـــــ ــــــــ ـــ ـــــــ ــــــ ـــــ ـــــــــ ــــ ـــــــ ـــــ ـــــــ ــــــ ـــــ ــــــــ ـــ ـــــــ ــــــ ـــــ ـــــــــ ــــ ـــــــ ـــــ ـــــــ ــــــ ـــــ ــــــــ ـــ ـــــــ ــــــ ـــــ ـــــــــ ــــ ـــــــ ـــــ ـــــــ ــــــ ـــــ ــــــــ ـــ ـــــــ ــــــ ـــــ ـــــــــ ــــ ـــــــ ـــــ ـــــــ ــــــ ـــــ ــــــــ ـــ ـــــــ ــــــ ـــــ ـــــــــ ــــ ـــــــ ـــــ ـــــــ ــــــ ـــــ ــــــــ ـــ ـــــــ ــــــ ـــــ ـــــــــ ــــ ـــــــ
33	بقیہ نمبر
ــــــ ـــــ ــــــــ ـــ ـــــــ ــــــ ـــــ ـــــــــ ــــ ـــــــ ـــــ ـــــــ ــــــ ـــــ ــــــــ ـــ ـــــــ ــــــ ـــــ ـــــــــ ــــ ـــــــ ـــــ ـــــــ ــــــ ـــــ ــــــــ ـــ ـــــــ ــــــ ـــــ ـــــــــ ــــ ـــــــ ـــــ ـــــــ ــــــ ـــــ ــــــــ ـــ ـــــــ ــــــ ـــــ ـــــــــ ــــ ـــــــ ـــــ ـــــــ ــــــ ـــــ ــــــــ ـــ ـــــــ ــــــ ـــــ ـــــــــ ــــ ـــــــ ـــــ ـــــــ ــــــ ـــــ ــــــــ ـــ ـــــــ ــــــ ـــــ ـــــــــ ــــ ـــــــ ـــــ ـــــــ ــــــ ـــــ ــــــــ ـــ ـــــــ
34	بقیہ نمبر
ــــــ ـــــ ــــــــ ـــ ـــــــ ــــــ ـــــ ـــــــــ ــــ ـــــــ ـــــ ـــــــ ــــــ ـــــ ــــــــ ـــ ـــــــ ــــــ ـــــ ـــــــــ ــــ ـــــــ ـــــ ـــــــ ــــــ ـــــ ــــــــ ـــ ـــــــ ــــــ ـــــ ـــــــــ ــــ ـــــــ ـــــ ـــــــ ــــــ ـــــ ــــــــ ـــ ـــــــ ــــــ ـــــ ـــــــــ ــــ ـــــــ ـــــ ـــــــ ــــــ ـــــ ــــــــ ـــ ـــــــ ــــــ ـــــ ـــــــــ ــــ ـــــــ ـــــ ـــــــ ــــــ ـــــ ــــــــ ـــ ـــــــ ــــــ ـــــ ـــــــــ ــــ ـــــــ ـــــ ـــــــ ــــــ ـــــ ــــــــ ـــ ـــــــ
35	بقیہ نمبر
ــــــ ـــــ ــــــــ ـــ ـــــــ ــــــ ـــــ ـــــــــ ــــ ـــــــ ـــــ ـــــــ ــــــ ـــــ ــــــــ ـــ ـــــــ ــــــ ـــــ ـــــــــ ــــ ـــــــ ـــــ ـــــــ ــــــ ـــــ ــــــــ ـــ ـــــــ ــــــ ـــــ ـــــــــ ــــ ـــــــ ـــــ ـــــــ ــــــ ـــــ ــــــــ ـــ ـــــــ ــــــ ـــــ ـــــــــ ــــ ـــــــ ـــــ ـــــــ ــــــ ـــــ ــــــــ ـــ ـــــــ ــــــ ـــــ ـــــــــ ــــ ـــــــ ـــــ ـــــــ ــــــ ـــــ ــــــــ ـــ ـــــــ ــــــ ـــــ ـــــــــ ــــ ـــــــ ـــــ ـــــــ ــــــ ـــــ ــــــــ ـــ ـــــــ
36	بقیہ نمبر
ــــــ ـــــ ــــــــ ـــ ـــــــ ــــــ ـــــ ـــــــــ ــــ ـــــــ ـــــ ـــــــ ــــــ ـــــ ــــــــ ـــ ـــــــ ــــــ ـــــ ـــــــــ ــــ ـــــــ ـــــ ـــــــ ــــــ ـــــ ــــــــ ـــ ـــــــ ــــــ ـــــ ـــــــــ ــــ ـــــــ ـــــ ـــــــ ــــــ ـــــ ــــــــ ـــ ـــــــ ــــــ ـــــ ـــــــــ ــــ ـــــــ ـــــ ـــــــ ــــــ ـــــ ــــــــ ـــ ـــــــ ــــــ ـــــ ـــــــــ ــــ ـــــــ ـــــ ـــــــ ــــــ ـــــ ــــــــ ـــ ـــــــ ــــــ ـــــ ـــــــــ ــــ ـــــــ ـــــ ـــــــ ــــــ ـــــ ــــــــ ـــ ـــــــ
37	بقیہ نمبر
ــــــ ـــــ ــــــــ ـــ ـــــــ ــــــ ـــــ ـــــــــ ــــ ـــــــ ـــــ ـــــــ ــــــ ـــــ ــــــــ ـــ ـــــــ ــــــ ـــــ ـــــــــ ــــ ـــــــ ـــــ ـــــــ ــــــ ـــــ ــــــــ ـــ ـــــــ ــــــ ـــــ ـــــــــ ــــ ـــــــ ـــــ ـــــــ ــــــ ـــــ ــــــــ ـــ ـــــــ ــــــ ـــــ ـــــــــ ــــ ـــــــ ـــــ ـــــــ ــــــ ـــــ ــــــــ ـــ ـــــــ ــــــ ـــــ ـــــــــ ــــ ـــــــ ـــــ ـــــــ ــــــ ـــــ ــــــــ ـــ ـــــــ ــــــ ـــــ ـــــــــ ــــ ـــــــ ـــــ ـــــــ ــــــ ـــــ ــــــــ ـــ ـــــــ
38	بقیہ نمبر
ــــــ ـــــ ــــــــ ـــ ـــــــ ــــــ ـــــ ـــــــــ ــــ ـــــــ ـــــ ـــــــ ــــــ ـــــ ــــــــ ـــ ـــــــ ــــــ ـــــ ـــــــــ ــــ ـــــــ ـــــ ـــــــ ــــــ ـــــ ــــــــ ـــ ـــــــ ــــــ ـــــ ـــــــــ ــــ ـــــــ ـــــ ـــــــ ــــــ ـــــ ــــــــ ـــ ـــــــ ــــــ ـــــ ـــــــــ ــــ ـــــــ ـــــ ـــــــ ــــــ ـــــ ــــــــ ـــ ـــــــ ــــــ ـــــ ـــــــــ ــــ ـــــــ ـــــ ـــــــ ــــــ ـــــ ــــــــ ـــ ـــــــ ــــــ ـــــ ـــــــــ ــــ ـــــــ ـــــ ـــــــ ــــــ ـــــ ــــــــ ـــ ـــــــ
39	بقیہ نمبر
ــــــ ـــــ ــــــــ ـــ ـــــــ ــــــ ـــــ ـــــــــ ــــ ـــــــ ـــــ ـــــــ ــــــ ـــــ ــــــــ ـــ ـــــــ ــــــ ـــــ ـــــــــ ــــ ـــــــ ـــــ ـــــــ ــــــ ـــــ ــــــــ ـــ ـــــــ ــــــ ـــــ ـــــــــ ــــ ـــــــ ـــــ ـــــــ ــــــ ـــــ ــــــــ ـــ ـــــــ ــــــ ـــــ ـــــــــ ــــ ـــــــ ـــــ ـــــــ ــــــ ـــــ ــــــــ ـــ ـــــــ ــــــ ـــــ ـــــــــ ــــ ـــــــ ـــــ ـــــــ ــــــ ـــــ ــــــــ ـــ ـــــــ ــــــ ـــــ ـــــــــ ــــ ـــــــ ـــــ ـــــــ ــــــ ـــــ ــــــــ ـــ ـــــــ
40	بقیہ نمبر
ــــــ ـــــ ــــــــ ـــ ـــــــ ــــــ ـــــ ـــــــــ ــــ ـــــــ ـــــ ـــــــ ــــــ ـــــ ــــــــ ـــ ـــــــ ــــــ ـــــ ـــــــــ ــــ ـــــــ ـــــ ـــــــ ــــــ ـــــ ــــــــ ـــ ـــــــ ــــــ ـــــ ـــــــــ ــــ ـــــــ ـــــ ـــــــ ــــــ ـــــ ــــــــ ـــ ـــــــ ــــــ ـــــ ـــــــــ ــــ ـــــــ ـــــ ـــــــ ــــــ ـــــ ــــــــ ـــ ـــــــ ــــــ ـــــ ـــــــــ ــــ ـــــــ ـــــ ـــــــ ــــــ ـــــ ــــــــ ـــ ـــــــ ــــــ ـــــ ـــــــــ ــــ ـــــــ ـــــ ـــــــ ــــــ ـــــ ــــــــ ـــ ـــــــ
41	بقیہ نمبر
ــــــ ـــــ ــــــــ ـــ ـــــــ ــــــ ـــــ ـــــــــ ــــ ـــــــ ـــــ ـــــــ ــــــ ـــــ ــــــــ ـــ ـــــــ ــــــ ـــــ ـــــــــ ــــ ـــــــ ـــــ ـــــــ ــــــ ـــــ ــــــــ ـــ ـــــــ ــــــ ـــــ ـــــــــ ــــ ـــــــ ـــــ ـــــــ ــــــ ـــــ ــــــــ ـــ ـــــــ ــــــ ـــــ ـــــــــ ــــ ـــــــ ـــــ ـــــــ ــــــ ـــــ ــــــــ ـــ ـــــــ ــــــ ـــــ ـــــــــ ــــ ـــــــ ـــــ ـــــــ ــــــ ـــــ ــــــــ ـــ ـــــــ ــــــ ـــــ ـــــــــ ــــ ـــــــ ـــــ ـــــــ ــــــ ـــــ ــــــــ ـــ ـــــــ
42	بقیہ نمبر
ــــــ ـــــ ــــــــ ـــ ـــــــ ــــــ ـــــ ـــــــــ ــــ ـــــــ ـــــ ـــــــ ــــــ ـــــ ــــــــ ـــ ـــــــ ــــــ ـــــ ـــــــــ ــــ ـــــــ ـــــ ـــــــ ــــــ ـــــ ــــــــ ـــ ـــــــ ــــــ ـــــ ـــــــــ ــــ ـــــــ ـــــ ـــــــ ــــــ ـــــ ــــــــ ـــ ـــــــ ــــــ ـــــ ـــــــــ ــــ ـــــــ ـــــ ـــــــ ــــــ ـــــ ــــــــ ـــ ـــــــ ــــــ ـــــ ـــــــــ ــــ ـــــــ ـــــ ـــــــ ــــــ ـــــ ــــــــ ـــ ـــــــ ــــــ ـــــ ـــــــــ ــــ ـــــــ ـــــ ـــــــ ــــــ ـــــ ــــــــ ـــ ـــــــ
43	بقیہ نمبر
ــــــ ـــــ ــــــــ ـــ ـــــــ ــــــ ـــــ ـــــــــ ــــ ـــــــ ـــــ ـــــــ ــــــ ـــــ ــــــــ ـــ ـــــــ ــــــ ـــــ ـــــــــ ــــ ـــــــ ـــــ ـــــــ ــــــ ـــــ ــــــــ ـــ ـــــــ ــــــ ـــــ ـــــــــ ــــ ـــــــ ـــــ ـــــــ ــــــ ـــــ ــــــــ ـــ ـــــــ ــــــ ـــــ ـــــــــ ــــ ـــــــ ـــــ ـــــــ ــــــ ـــــ ــــــــ ـــ ـــــــ ــــــ ـــــ ـــــــــ ــــ ـــــــ ـــــ ـــــــ ــــــ ـــــ ــــــــ ـــ ـــــــ ــــــ ـــــ ـــــــــ ــــ ـــــــ ـــــ ـــــــ ــــــ ـــــ ــــــــ ـــ ـــــــ
44	بقیہ نمبر
ــــــ ـــــ ــــــــ ـــ ـــــــ ــــــ ـــــ ـــــــــ ــــ ـــــــ ـــــ ـــــــ ــــــ ـــــ ــــــــ ـــ ـــــــ ــــــ ـــــ ـــــــــ ــــ ـــــــ ـــــ ـــــــ ــــــ ـــــ ــــــــ ـــ ـــــــ ــــــ ـــــ ـــــــــ ــــ ـــــــ ـــــ ـــــــ ــــــ ـــــ ــــــــ ـــ ـــــــ ــــــ ـــــ ـــــــــ ــــ ـــــــ ـــــ ـــــــ ــــــ ـــــ ــــــــ ـــ ـــــــ ــــــ ـــــ ـــــــــ ــــ ـــــــ ـــــ ـــــــ ــــــ ـــــ ــــــــ ـــ ـــــــ ــــــ ـــــ ـــــــــ ــــ ـــــــ ـــــ ـــــــ ــــــ ـــــ ــــــــ ـــ ـــــــ ــــــ ـــــ ـــــــــ ــــ ـــــــ ـــــ ـــــــ ــــــ ـــــ ــــــــ ـــ ـــــــ ــــــ ـــــ ـــــــــ ــــ ـــــــ ـــــ ـــــــ ــــــ ـــــ ــــــــ ـــ ـــــــ ــــــ ـــــ ـــــــــ ــــ ـــــــ ـــــ ـــــــ ــــــ ـــــ ــــــــ ـــ ـــــــ ــــــ ـــــ ـــــــــ ــــ ـــــــ ـــــ
45	بقیہ نمبر
ــــــ ـــــ ــــــــ ـــ ـــــــ ــــــ ـــــ ـــــــــ ــــ ـــــــ ـــــ ـــــــ ــــــ ـــــ ــــــــ ـــ ـــــــ ــــــ ـــــ ـــــــــ ــــ ـــــــ ـــــ ـــــــ ــــــ ـــــ ــــــــ ـــ ـــــــ ــــــ ـــــ ـــــــــ ــــ ـــــــ ـــــ ـــــــ ــــــ ـــــ ــــــــ ـــ ـــــــ ــــــ ـــــ ـــــــــ ــــ ـــــــ ـــــ ـــــــ ــــــ ـــــ ــــــــ ـــ ـــــــ ــــــ ـــــ ـــــــــ ــــ ـــــــ ـــــ ـــــــ ــــــ ـــــ ــــــــ ـــ ـــــــ ــــــ ـــــ ـــــــــ ــــ ـــــــ ـــــ ـــــــ ــــــ ـــــ ــــــــ ـــ ـــــــ ــــــ ـــــ ـــــــــ ــــ ـــــــ ـــــ ـــــــ ــــــ ـــــ ــــــــ ـــ ـــــــ ــــــ ـــــ ـــــــــ ــــ ـــــــ ـــــ ـــــــ ــــــ ـــــ ــــــــ ـــ ـــــــ ــــــ ـــــ ـــــــــ ــــ ـــــــ ـــــ ـــــــ ــــــ ـــــ ــــــــ ـــ ـــــــ ــــــ ـــــ ـــــــــ ــــ ـــــــ ـــــ
46	بقیہ نمبر
ــــــ ـــــ ــــــــ ـــ ـــــــ ــــــ ـــــ ـــــــــ ــــ ـــــــ ـــــ ـــــــ ــــــ ـــــ ــــــــ ـــ ـــــــ ــــــ ـــــ ـــــــــ ــــ ـــــــ ـــــ ـــــــ ــــــ ـــــ ــــــــ ـــ ـــــــ ــــــ ـــــ ـــــــــ ــــ ـــــــ ـــــ ـــــــ ــــــ ـــــ ــــــــ ـــ ـــــــ ــــــ ـــــ ـــــــــ ــــ ـــــــ ـــــ ـــــــ ــــــ ـــــ ــــــــ ـــ ـــــــ ــــــ ـــــ ـــــــــ ــــ ـــــــ ـــــ ـــــــ ــــــ ـــــ ــــــــ ـــ ـــــــ ــــــ ـــــ ـــــــــ ــــ ـــــــ ـــــ ـــــــ ــــــ ـــــ ــــــــ ـــ ـــــــ ــــــ ـــــ ـــــــــ ــــ ـــــــ ـــــ ـــــــ ــــــ ـــــ ــــــــ ـــ ـــــــ ــــــ ـــــ ـــــــــ ــــ ـــــــ ـــــ ـــــــ ــــــ ـــــ ــــــــ ـــ ـــــــ ــــــ ـــــ ـــــــــ ــــ ـــــــ ـــــ ـــــــ ــــــ ـــــ ــــــــ ـــ ـــــــ ــــــ ـــــ ـــــــــ ــــ ـــــــ ـــــ
47	بقیہ نمبر
ــــــ ـــــ ــــــــ ـــ ـــــــ ــــــ ـــــ ـــــــــ ــــ ـــــــ ـــــ ـــــــ ــــــ ـــــ ــــــــ ـــ ـــــــ ــــــ ـــــ ـــــــــ ــــ ـــــــ ـــــ ـــــــ ــــــ ـــــ ــــــــ ـــ ـــــــ ــــــ ـــــ ـــــــــ ــــ ـــــــ ـــــ ـــــــ ــــــ ـــــ ــــــــ ـــ ـــــــ ــــــ ـــــ ـــــــــ ــــ ـــــــ ـــــ ـــــــ ــــــ ـــــ ــــــــ ـــ ـــــــ ــــــ ـــــ ـــــــــ ــــ ـــــــ ـــــ ـــــــ ــــــ ـــــ ــــــــ ـــ ـــــــ ــــــ ـــــ ـــــــــ ــــ ـــــــ ـــــ ـــــــ ــــــ ـــــ ــــــــ ـــ ـــــــ ــــــ ـــــ ـــــــــ ــــ ـــــــ ـــــ ـــــــ ــــــ ـــــ ــــــــ ـــ ـــــــ ــــــ ـــــ ـــــــــ ــــ ـــــــ ـــــ ـــــــ ــــــ ـــــ ــــــــ ـــ ـــــــ ــــــ ـــــ ـــــــــ ــــ ـــــــ ـــــ ـــــــ ــــــ ـــــ ــــــــ ـــ ـــــــ ــــــ ـــــ ـــــــــ ــــ ـــــــ ـــــ
48	بقیہ نمبر
ــــــ ـــــ ــــــــ ـــ ـــــــ ــــــ ـــــ ـــــــــ ــــ ـــــــ ـــــ ـــــــ ــــــ ـــــ ــــــــ ـــ ـــــــ ــــــ ـــــ ـــــــــ ــــ ـــــــ ـــــ ـــــــ ــــــ ـــــ ــــــــ ـــ ـــــــ ــــــ ـــــ ـــــــــ ــــ ـــــــ ـــــ ـــــــ ــــــ ـــــ ــــــــ ـــ ـــــــ ــــــ ـــــ ـــــــــ ــــ ـــــــ ـــــ ـــــــ ــــــ ـــــ ــــــــ ـــ ـــــــ ــــــ ـــــ ـــــــــ ــــ ـــــــ ـــــ ـــــــ ــــــ ـــــ ــــــــ ـــ ـــــــ ــــــ ـــــ ـــــــــ ــــ ـــــــ ـــــ ـــــــ ــــــ ـــــ ــــــــ ـــ ـــــــ ــــــ ـــــ ـــــــــ ــــ ـــــــ ـــــ ـــــــ ــــــ ـــــ ــــــــ ـــ ـــــــ ــــــ ـــــ ـــــــــ ــــ ـــــــ ـــــ ـــــــ ــــــ ـــــ ــــــــ ـــ ـــــــ ــــــ ـــــ ـــــــــ ــــ ـــــــ ـــــ ـــــــ ــــــ ـــــ ــــــــ ـــ ـــــــ ــــــ ـــــ ـــــــــ ــــ ـــــــ ـــــ
49	بقیہ نمبر
ــــــ ـــــ ــــــــ ـــ ـــــــ ــــــ ـــــ ـــــــــ ــــ ـــــــ ـــــ ـــــــ ــــــ ـــــ ــــــــ ـــ ـــــــ ــــــ ـــــ ـــــــــ ــــ ـــــــ ـــــ ـــــــ ــــــ ـــــ ــــــــ ـــ ـــــــ ــــــ ـــــ ـــــــــ ــــ ـــــــ ـــــ ـــــــ ــــــ ـــــ ــــــــ ـــ ـــــــ ــــــ ـــــ ـــــــــ ــــ ـــــــ ـــــ ـــــــ ــــــ ـــــ ــــــــ ـــ ـــــــ ــــــ ـــــ ـــــــــ ــــ ـــــــ ـــــ ـــــــ ــــــ ـــــ ــــــــ ـــ ـــــــ ــــــ ـــــ ـــــــــ ــــ ـــــــ ـــــ ـــــــ ــــــ ـــــ ــــــــ ـــ ـــــــ ــــــ ـــــ ـــــــــ ــــ ـــــــ ـــــ ـــــــ ــــــ ـــــ ــــــــ ـــ ـــــــ ــــــ ـــــ ـــــــــ ــــ ـــــــ ـــــ ـــــــ ــــــ ـــــ ــــــــ ـــ ـــــــ ــــــ ـــــ ـــــــــ ــــ ـــــــ ـــــ ـــــــ ــــــ ـــــ ــــــــ ـــ ـــــــ ــــــ ـــــ ـــــــــ ــــ ـــــــ ـــــ
50	بقیہ نمبر
ــــــ ـــــ ــــــــ ـــ ـــــــ ــــــ ـــــ ـــــــــ ــــ ـــــــ ـــــ ـــــــ ــــــ ـــــ ــــــــ ـــ ـــــــ ــــــ ـــــ ـــــــــ ــــ ـــــــ ـــــ ـــــــ ــــــ ـــــ ــــــــ ـــ ـــــــ ــــــ ـــــ ـــــــــ ــــ ـــــــ ـــــ ـــــــ ــــــ ـــــ ــــــــ ـــ ـــــــ ــــــ ـــــ ـــــــــ ــــ ـــــــ ـــــ ـــــــ ــــــ ـــــ ــــــــ ـــ ـــــــ ــــــ ـــــ ـــــــــ ــــ ـــــــ ـــــ ـــــــ ــــــ ـــــ ــــــــ ـــ ـــــــ ــــــ ـــــ ـــــــــ ــــ ـــــــ ـــــ ـــــــ ــــــ ـــــ ــــــــ ـــ ـــــــ ــــــ ـــــ ـــــــــ ــــ ـــــــ ـــــ ـــــــ ــــــ ـــــ ــــــــ ـــ ـــــــ ــــــ ـــــ ـــــــــ ــــ ـــــــ ـــــ ـــــــ ــــــ ـــــ ــــــــ ـــ ـــــــ ــــــ ـــــ ـــــــــ ــــ ـــــــ ـــــ ـــــــ ــــــ ـــــ ــــــــ ـــ ـــــــ ــــــ ـــــ ـــــــــ ــــ ـــــــ ـــــ
51	بقیہ نمبر
ــــــ ـــــ ــــــــ ـــ ـــــــ ــــــ ـــــ ـــــــــ ــــ ـــــــ ـــــ ـــــــ ــــــ ـــــ ــــــــ ـــ ـــــــ ــــــ ـــــ ـــــــــ ــــ ـــــــ ـــــ ـــــــ ــــــ ـــــ ــــــــ ـــ ـــــــ ــــــ ـــــ ـــــــــ ــــ ـــــــ ـــــ ـــــــ ــــــ ـــــ ــــــــ ـــ ـــــــ ــــــ ـــــ ـــــــــ ــــ ـــــــ ـــــ ـــــــ ــــــ ـــــ ــــــــ ـــ ـــــــ ــــــ ـــــ ـــــــــ ــــ ـــــــ ـــــ ـــــــ ــــــ ـــــ ــــــــ ـــ ـــــــ ــــــ ـــــ ـــــــــ ــــ ـــــــ ـــــ ـــــــ ــــــ ـــــ ــــــــ ـــ ـــــــ ــــــ ـــــ ـــــــــ ــــ ـــــــ ـــــ ـــــــ ــــــ ـــــ ــــــــ ـــ ـــــــ ــــــ ـــــ ـــــــــ ــــ ـــــــ ـــــ ـــــــ ــــــ ـــــ ــــــــ ـــ ـــــــ ــــــ ـــــ ـــــــــ ــــ ـــــــ ـــــ ـــــــ ــــــ ـــــ ــــــــ ـــ ـــــــ ــــــ ـــــ ـــــــــ ــــ ـــــــ ـــــ
52	بقیہ نمبر
ــــــ ـــــ ــــــــ ـــ ـــــــ ــــــ ـــــ ـــــــــ ــــ ـــــــ ـــــ ـــــــ ــــــ ـــــ ــــــــ ـــ ـــــــ ــــــ ـــــ ـــــــــ ــــ ـــــــ ـــــ ـــــــ ــــــ ـــــ ــــــــ ـــ ـــــــ ــــــ ـــــ ـــــــــ ــــ ـــــــ ـــــ ـــــــ ــــــ ـــــ ــــــــ ـــ ـــــــ ــــــ ـــــ ـــــــــ ــــ ـــــــ ـــــ ـــــــ ــــــ ـــــ ــــــــ ـــ ـــــــ ــــــ ـــــ ـــــــــ ــــ ـــــــ ـــــ ـــــــ ــــــ ـــــ ــــــــ ـــ ـــــــ ــــــ ـــــ ـــــــــ ــــ ـــــــ ـــــ ـــــــ ــــــ ـــــ ــــــــ ـــ ـــــــ ــــــ ـــــ ـــــــــ ــــ ـــــــ ـــــ ـــــــ ــــــ ـــــ ــــــــ ـــ ـــــــ ــــــ ـــــ ـــــــــ ــــ ـــــــ ـــــ ـــــــ ــــــ ـــــ ــــــــ ـــ ـــــــ ــــــ ـــــ ـــــــــ ــــ
53	بقیہ نمبر
ــــــ ـــــ ــــــــ ـــ ـــــــ ــــــ ـــــ ـــــــــ ــــ ـــــــ ـــــ ـــــــ ــــــ ـــــ ــــــــ ـــ ـــــــ ــــــ ـــــ ـــــــــ ــــ ـــــــ ـــــ ـــــــ ــــــ ـــــ ــــــــ ـــ ـــــــ ــــــ ـــــ ـــــــــ ــــ ـــــــ ـــــ ـــــــ ــــــ ـــــ ــــــــ ـــ ـــــــ ــــــ ـــــ ـــــــــ ــــ ـــــــ ـــــ ـــــــ ــــــ ـــــ ــــــــ ـــ ـــــــ ــــــ ـــــ ـــــــــ ــــ ـــــــ ـــــ ـــــــ ــــــ ـــــ ــــــــ ـــ ـــــــ ــــــ ـــــ ـــــــــ ــــ ـــــــ ـــــ ـــــــ ــــــ ـــــ ــــــــ ـــ ـــــــ ــــــ ـــــ ـــــــــ ــــ ـــــــ ـــــ ـــــــ ــــــ ـــــ ــــــــ ـــ ـــــــ ــــــ ـــــ ـــــــــ ــــ ـــــــ ـــــ ـــــــ ــــــ ـــــ ــــــــ ـــ ـــــــ ــــــ ـــــ ـــــــــ ــــ
54	بقیہ نمبر
ــــــ ـــــ ــــــــ ـــ ـــــــ ــــــ ـــــ ـــــــــ ــــ ـــــــ ـــــ ـــــــ ــــــ ـــــ ــــــــ ـــ ـــــــ ــــــ ـــــ ـــــــــ ــــ ـــــــ ـــــ ـــــــ ــــــ ـــــ ــــــــ ـــ ـــــــ ــــــ ـــــ ـــــــــ ــــ ـــــــ ـــــ ـــــــ ــــــ ـــــ ــــــــ ـــ ـــــــ ــــــ ـــــ ـــــــــ ــــ ـــــــ ـــــ ـــــــ ــــــ ـــــ ــــــــ ـــ ـــــــ ــــــ ـــــ ـــــــــ ــــ ـــــــ ـــــ ـــــــ ــــــ ـــــ ــــــــ ـــ ـــــــ ــــــ ـــــ ـــــــــ ــــ ـــــــ ـــــ ـــــــ ــــــ ـــــ ــــــــ ـــ ـــــــ ــــــ ـــــ ـــــــــ ــــ ـــــــ ـــــ ـــــــ ــــــ ـــــ ــــــــ ـــ ـــــــ ــــــ ـــــ ـــــــــ ــــ ـــــــ ـــــ ـــــــ ــــــ ـــــ ــــــــ ـــ ـــــــ ــــــ ـــــ ـــــــــ ــــ
55	بقیہ نمبر
ــــــ ـــــ ــــــــ ـــ ـــــــ ــــــ ـــــ ـــــــــ ــــ ـــــــ ـــــ ـــــــ ــــــ ـــــ ــــــــ ـــ ـــــــ ــــــ ـــــ ـــــــــ ــــ ـــــــ ـــــ ـــــــ ــــــ ـــــ ــــــــ ـــ ـــــــ ــــــ ـــــ ـــــــــ ــــ ـــــــ ـــــ ـــــــ ــــــ ـــــ ــــــــ ـــ ـــــــ ــــــ ـــــ ـــــــــ ــــ ـــــــ ـــــ ـــــــ ــــــ ـــــ ــــــــ ـــ ـــــــ ــــــ ـــــ ـــــــــ ــــ ـــــــ ـــــ ـــــــ ــــــ ـــــ ــــــــ ـــ ـــــــ ــــــ ـــــ ـــــــــ ــــ ـــــــ ـــــ ـــــــ ــــــ ـــــ ــــــــ ـــ ـــــــ ــــــ ـــــ ـــــــــ ــــ ـــــــ ـــــ ـــــــ ــــــ ـــــ ــــــــ ـــ ـــــــ ــــــ ـــــ ـــــــــ ــــ ـــــــ ـــــ ـــــــ ــــــ ـــــ ــــــــ ـــ ـــــــ ــــــ ـــــ ـــــــــ ــــ
56	بقیہ نمبر
ــــــ ـــــ ــــــــ ـــ ـــــــ ــــــ ـــــ ـــــــــ ــــ ـــــــ ـــــ ـــــــ ــــــ ـــــ ــــــــ ـــ ـــــــ ــــــ ـــــ ـــــــــ ــــ ـــــــ ـــــ ـــــــ ــــــ ـــــ ــــــــ ـــ ـــــــ ــــــ ـــــ ـــــــــ ــــ ـــــــ ـــــ ـــــــ ــــــ ـــــ ــــــــ ـــ ـــــــ ــــــ ـــــ ـــــــــ ــــ ـــــــ ـــــ ـــــــ ــــــ ـــــ ــــــــ ـــ ـــــــ ــــــ ـــــ ـــــــــ ــــ ـــــــ ـــــ ـــــــ ــــــ ـــــ ــــــــ ـــ ـــــــ ــــــ ـــــ ـــــــــ ــــ ـــــــ ـــــ ـــــــ ــــــ ـــــ ــــــــ ـــ ـــــــ ــــــ ـــــ ـــــــــ ــــ ـــــــ ـــــ ـــــــ ــــــ ـــــ ــــــــ ـــ ـــــــ ــــــ ـــــ ـــــــــ ــــ ـــــــ ـــــ ـــــــ ــــــ ـــــ ــــــــ ـــ ـــــــ ــــــ ـــــ ـــــــــ ــــ
57	بقیہ نمبر
ــــــ ـــــ ــــــــ ـــ ـــــــ ــــــ ـــــ ـــــــــ ــــ ـــــــ ـــــ ـــــــ ــــــ ـــــ ــــــــ ـــ ـــــــ ــــــ ـــــ ـــــــــ ــــ ـــــــ ـــــ ـــــــ ــــــ ـــــ ــــــــ ـــ ـــــــ ــــــ ـــــ ـــــــــ ــــ ـــــــ ـــــ ـــــــ ــــــ ـــــ ــــــــ ـــ ـــــــ ــــــ ـــــ ـــــــــ ــــ ـــــــ ـــــ ـــــــ ــــــ ـــــ ــــــــ ـــ ـــــــ ــــــ ـــــ ـــــــــ ــــ ـــــــ ـــــ ـــــــ ــــــ ـــــ ــــــــ ـــ ـــــــ ــــــ ـــــ ـــــــــ ــــ ـــــــ ـــــ ـــــــ ــــــ ـــــ ــــــــ ـــ ـــــــ ــــــ ـــــ ـــــــــ ــــ ـــــــ ـــــ ـــــــ ــــــ ـــــ ــــــــ ـــ ـــــــ ــــــ ـــــ ـــــــــ ــــ ـــــــ ـــــ ـــــــ ــــــ ـــــ ــــــــ ـــ ـــــــ ــــــ ـــــ ـــــــــ ــــ
58	بقیہ نمبر
ــــــ ـــــ ــــــــ ـــ ـــــــ ــــــ ـــــ ـــــــــ ــــ ـــــــ ـــــ ـــــــ ــــــ ـــــ ــــــــ ـــ ـــــــ ــــــ ـــــ ـــــــــ ــــ ـــــــ ـــــ ـــــــ ــــــ ـــــ ــــــــ ـــ ـــــــ ــــــ ـــــ ـــــــــ ــــ ـــــــ ـــــ ـــــــ ــــــ ـــــ ــــــــ ـــ ـــــــ ــــــ ـــــ ـــــــــ ــــ ـــــــ ـــــ ـــــــ ــــــ ـــــ ــــــــ ـــ ـــــــ ــــــ ـــــ ـــــــــ ــــ ـــــــ ـــــ ـــــــ ــــــ ـــــ ــــــــ ـــ ـــــــ ــــــ ـــــ ـــــــــ ــــ ـــــــ ـــــ ـــــــ ــــــ ـــــ ــــــــ ـــ ـــــــ ــــــ ـــــ ـــــــــ ــــ ـــــــ ـــــ ـــــــ ــــــ ـــــ ــــــــ ـــ ـــــــ ــــــ ـــــ ـــــــــ ــــ ـــــــ ـــــ ـــــــ ــــــ ـــــ ــــــــ ـــ ـــــــ ــــــ ـــــ ـــــــــ ــــ
59	بقیہ نمبر
ــــــ ـــــ ــــــــ ـــ ـــــــ ــــــ ـــــ ـــــــــ ــــ ـــــــ ـــــ ـــــــ ــــــ ـــــ ــــــــ ـــ ـــــــ ــــــ ـــــ ـــــــــ ــــ ـــــــ ـــــ ـــــــ ــــــ ـــــ ــــــــ ـــ ـــــــ ــــــ ـــــ ـــــــــ ــــ ـــــــ ـــــ ـــــــ ــــــ ـــــ ــــــــ ـــ ـــــــ ــــــ ـــــ ـــــــــ ــــ ـــــــ ـــــ ـــــــ ــــــ ـــــ ــــــــ ـــ ـــــــ ــــــ ـــــ ـــــــــ ــــ ـــــــ ـــــ ـــــــ ــــــ ـــــ ــــــــ ـــ ـــــــ ــــــ ـــــ ـــــــــ ــــ ـــــــ ـــــ ـــــــ ــــــ ـــــ ــــــــ ـــ ـــــــ ــــــ ـــــ ـــــــــ ــــ ـــــــ ـــــ ـــــــ ــــــ ـــــ ــــــــ ـــ ـــــــ ــــــ ـــــ ـــــــــ ــــ ـــــــ ـــــ ـــــــ ــــــ ـــــ ــــــــ ـــ ـــــــ ــــــ ـــــ ـــــــــ ــــ
60	بقیہ نمبر
ــــــ ـــــ ــــــــ ـــ ـــــــ ــــــ ـــــ ـــــــــ ــــ ـــــــ ـــــ ـــــــ ــــــ ـــــ ــــــــ ـــ ـــــــ ــــــ ـــــ ـــــــــ ــــ ـــــــ ـــــ ـــــــ ــــــ ـــــ ــــــــ ـــ ـــــــ ــــــ ـــــ ـــــــــ ــــ ـــــــ ـــــ ـــــــ ــــــ ـــــ ــــــــ ـــ ـــــــ ــــــ ـــــ ـــــــــ ــــ ـــــــ ـــــ ـــــــ ــــــ ـــــ ــــــــ ـــ ـــــــ ــــــ ـــــ ـــــــــ ــــ ـــــــ ـــــ ـــــــ ــــــ ـــــ ــــــــ ـــ ـــــــ ــــــ ـــــ ـــــــــ ــــ ـــــــ ـــــ ـــــــ ــــــ ـــــ ــــــــ ـــ ـــــــ ــــــ ـــــ ـــــــــ ــــ ـــــــ ـــــ ـــــــ ــــــ ـــــ ــــــــ ـــ ـــــــ ــــــ ـــــ ـــــــــ ــــ ـــــــ ـــــ ـــــــ ــــــ ـــــ ــــــــ ـــ ـــــــ ــــــ ـــــ ـــــــــ ــــ
61	بقیہ نمبر
ــــــ ـــــ ــــــــ ـــ ـــــــ ــــــ ـــــ ـــــــــ ــــ ـــــــ ـــــ ـــــــ ــــــ ـــــ ــــــــ ـــ ـــــــ ــــــ ـــــ ـــــــــ ــــ ـــــــ ـــــ ـــــــ ــــــ ـــــ ــــــــ ـــ ـــــــ ــــــ ـــــ ـــــــــ ــــ ـــــــ ـــــ ـــــــ ــــــ ـــــ ــــــــ ـــ ـــــــ ــــــ ـــــ ـــــــــ ــــ ـــــــ ـــــ ـــــــ ــــــ ـــــ ــــــــ ـــ ـــــــ ــــــ ـــــ ـــــــــ ــــ ـــــــ ـــــ ـــــــ ــــــ ـــــ ــــــــ ـــ ـــــــ ــــــ ـــــ ـــــــــ ــــ ـــــــ ـــــ ـــــــ ــــــ ـــــ ــــــــ ـــ ـــــــ ــــــ ـــــ ـــــــــ ــــ ـــــــ ـــــ ـــــــ ــــــ ـــــ ــــــــ ـــ ـــــــ ــــــ ـــــ ـــــــــ ــــ ـــــــ ـــــ ـــــــ ــــــ ـــــ ــــــــ ـــ ـــــــ ــــــ ـــــ ـــــــــ ــــ ـــــــ ـــــ ـــــــ ــــــ ـــــ ــــــــ ـــ ـــــــ ــــــ ـــــ ـــــــــ ــــ ـــــــ ـــــ ـــــــ ــــــ ـــــ ــــــــ ـــ ـــــــ ــــــ ـــــ ـــــــــ ــــ ـــــــ ـــــ ـــــــ ــــــ ـــــ ــــــــ ـــ ـــــــ ــــــ ـــــ ـــــــــ ــــ ـــــــ ـــــ ـــــــ ــــــ ـــــ ــــــــ ـــ ـــــــ ــــــ ـــــ ـــــــــ ــــ ـــــــ ـــــ ـــــــ ــــــ ـــــ ــــــــ ـــ ـــــــ ــــــ ـــــ ـــــــــ ــــ ـــــــ ـــــ ـــــــ ــــــ ـــــ ــــــــ ـــ ـــــــ ــــــ ـــــ ـــــــــ ــــ ـــــــ ـــــ ـــــــ ــــــ ـــــ ــــــــ ـــ ـــــــ ــــــ ـــــ ـــــــــ ــــ ـــــــ ـــــ ـــــــ ــــــ ـــــ ــــــــ ـــ ـــــــ ــــــ ـــــ ـــــــــ ــــ ـــــــ ـــــ ـــــــ ــــــ ـــــ ــــــــ ـــ ـــــــ ــــــ ـــــ ـــــــــ ــــ ـــــــ ـــــ ـــــــ ــــــ ـــــ ــــــــ ـــ ـــــــ ــــــ ـــــ ـــــــــ ــــ ـــــــ ـــــ ـــــــ ــــــ ـــــ ــــــــ ـــ ـــــــ ــــــ ـــــ ـــــــــ ــــ ـــــــ ـــــ ـــــــ ــــــ ـــــ ــــــــ ـــ ـــــــ ــــــ ـــــ ـــــــــ ــــ ـــــــ ـــــ ـــــــ ــــــ ـــــ ــــــــ ـــ ـــــــ ــــــ ـــــ ـــــــــ ــــ ـــــــ ـــــ ـــــــ ــــــ ـــــ ــــــــ ـــ ـــــــ ــــــ ـــــ ـــــــــ ــــ ـــــــ ـــــ ـــــــ ــــــ ـــــ ــــــــ ـــ ـــــــ ــــــ ـــــ ـــــــــ ــــ ـــــــ ـــــ ـــــــ ــــــ ـــــ ــــــــ ـــ ـــــــ ــــــ ـــــ ـــــــــ ــــ ـــــــ ـــــ ـــــــ ــــــ ـــــ ــــــــ ـــ ـــــــ ــــــ ـــــ ـــــــــ ــــ ـــــــ ـــــ ـــــــ ــــــ ـــــ ــــــــ ـــ ـــــــ ــــــ ـــــ ـــــــــ ــــ ـــــــ ـــــ ـــــــ ــــــ ـــــ ــــــــ ـــ ـــــــ ــــــ ـــــ ـــــــــ ــــ ـــــــ ـــــ ـــــــ ــــــ ـــــ ــــــــ ـــ ـــــــ ــــــ ـــــ ـــــــــ ــــ ـــــــ ـــــ ـــــــ ــــــ ـــــ ــــــــ ـــ ـــــــ ــــــ ـــــ ـــــــــ ــــ
62	بقیہ نمبر
ــــــ ـــــ ــــــــ ـــ ـــــــ ــــــ ـــــ ـــــــــ ــــ ـــــــ ـــــ ـــــــ ــــــ ـــــ ــــــــ ـــ ـــــــ ــــــ ـــــ ـــــــــ ــــ ـــــــ ـــــ ـــــــ ــــــ ـــــ ــــــــ ـــ ـــــــ ــــــ ـــــ ـــــــــ ــــ ـــــــ ـــــ ـــــــ ــــــ ـــــ ــــــــ ـــ ـــــــ ــــــ ـــــ ـــــــــ ــــ ـــــــ ـــــ ـــــــ ــــــ ـــــ ــــــــ ـــ ـــــــ ــــــ ـــــ ـــــــــ ــــ ـــــــ ـــــ ـــــــ ــــــ ـــــ ــــــــ ـــ ـــــــ ــــــ ـــــ ـــــــــ ــــ ـــــــ ـــــ ـــــــ ــــــ ـــــ ــــــــ ـــ ـــــــ ــــــ ـــــ ـــــــــ ــــ ـــــــ ـــــ ـــــــ ــــــ ـــــ ــــــــ ـــ ـــــــ ــــــ ـــــ ـــــــــ ــــ ـــــــ ـــــ ـــــــ ــــــ ـــــ ــــــــ ـــ ـــــــ ــــــ ـــــ ـــــــــ ــــ ـــــــ ـــــ ـــــــ ــــــ ـــــ ــــــــ ـــ ـــــــ ــــــ ـــــ ـــــــــ ــــ ـــــــ ـــــ ـــــــ ــــــ ـــــ ــــــــ ـــ ـــــــ ــــــ ـــــ ـــــــــ ــــ ـــــــ ـــــ ـــــــ ــــــ ـــــ ــــــــ ـــ ـــــــ ــــــ ـــــ ـــــــــ ــــ ـــــــ ـــــ ـــــــ ــــــ ـــــ ــــــــ ـــ ـــــــ ــــــ ـــــ ـــــــــ ــــ ـــــــ ـــــ ـــــــ ــــــ ـــــ ــــــــ ـــ ـــــــ ــــــ ـــــ ـــــــــ ــــ ـــــــ ـــــ ـــــــ ــــــ ـــــ ــــــــ ـــ ـــــــ ــــــ ـــــ ـــــــــ ــــ ـــــــ ـــــ ـــــــ ــــــ ـــــ ــــــــ ـــ ـــــــ ــــــ ـــــ ـــــــــ ــــ ـــــــ ـــــ ـــــــ ــــــ ـــــ ــــــــ ـــ ـــــــ ــــــ ـــــ ـــــــــ ــــ ـــــــ ـــــ ـــــــ ــــــ ـــــ ــــــــ ـــ ـــــــ ــــــ ـــــ ـــــــــ ــــ ـــــــ ـــــ ـــــــ ــــــ ـــــ ــــــــ ـــ ـــــــ ــــــ ـــــ ـــــــــ ــــ ـــــــ ـــــ ـــــــ ــــــ ـــــ ــــــــ ـــ ـــــــ ــــــ ـــــ ـــــــــ ــــ ـــــــ ـــــ ـــــــ ــــــ ـــــ ــــــــ ـــ ـــــــ ــــــ ـــــ ـــــــــ ــــ ـــــــ ـــــ ـــــــ ــــــ ـــــ ــــــــ ـــ ـــــــ ــــــ ـــــ ـــــــــ ــــ ـــــــ ـــــ ـــــــ ــــــ ـــــ ــــــــ ـــ ـــــــ ــــــ ـــــ ـــــــــ ــــ ـــــــ ـــــ ـــــــ ــــــ ـــــ ــــــــ ـــ ـــــــ ــــــ ـــــ ـــــــــ ــــ ـــــــ ـــــ ـــــــ ــــــ ـــــ ــــــــ ـــ ـــــــ ــــــ ـــــ ـــــــــ ــــ ـــــــ ـــــ ـــــــ ــــــ ـــــ ــــــــ ـــ ـــــــ ــــــ ـــــ ـــــــــ ــــ ـــــــ ـــــ ـــــــ ــــــ ـــــ ــــــــ ـــ ـــــــ ــــــ ـــــ ـــــــــ ــــ ـــــــ ـــــ ـــــــ ــــــ ـــــ ــــــــ ـــ ـــــــ ــــــ ـــــ ـــــــــ ــــ ـــــــ ـــــ ـــــــ ــــــ ـــــ ــــــــ ـــ ـــــــ ــــــ ـــــ ـــــــــ ــــ ـــــــ ـــــ ـــــــ ــــــ ـــــ ــــــــ ـــ ـــــــ ــــــ ـــــ ـــــــــ ــــ
63	بقیہ نمبر
ــــــ ـــــ ــــــــ ـــ ـــــــ ــــــ ـــــ ـــــــــ ــــ ـــــــ ـــــ ـــــــ ــــــ ـــــ ــــــــ ـــ ـــــــ ــــــ ـــــ ـــــــــ ــــ ـــــــ ـــــ ـــــــ ــــــ ـــــ ــــــــ ـــ ـــــــ ــــــ ـــــ ـــــــــ ــــ ـــــــ ـــــ ـــــــ ــــــ ـــــ ــــــــ ـــ ـــــــ ــــــ ـــــ ـــــــــ ــــ ـــــــ ـــــ ـــــــ ــــــ ـــــ ــــــــ ـــ ـــــــ ــــــ ـــــ ـــــــــ ــــ ـــــــ ـــــ ـــــــ ــــــ ـــــ ــــــــ ـــ ـــــــ ــــــ ـــــ ـــــــــ ــــ ـــــــ ـــــ ـــــــ ــــــ ـــــ ــــــــ ـــ ـــــــ ــــــ ـــــ ـــــــــ ــــ ـــــــ ـــــ ـــــــ ــــــ ـــــ ــــــــ ـــ ـــــــ ــــــ ـــــ ـــــــــ ــــ ـــــــ ـــــ ـــــــ ــــــ ـــــ ــــــــ ـــ ـــــــ ــــــ ـــــ ـــــــــ ــــ ـــــــ ـــــ ـــــــ ــــــ ـــــ ــــــــ ـــ ـــــــ ــــــ ـــــ ـــــــــ ــــ ـــــــ ـــــ ـــــــ ــــــ ـــــ ــــــــ ـــ ـــــــ ــــــ ـــــ ـــــــــ ــــ ـــــــ ـــــ ـــــــ ــــــ ـــــ ــــــــ ـــ ـــــــ ــــــ ـــــ ـــــــــ ــــ ـــــــ ـــــ ـــــــ ــــــ ـــــ ــــــــ ـــ ـــــــ ــــــ ـــــ ـــــــــ ــــ ـــــــ ـــــ ـــــــ ــــــ ـــــ ــــــــ ـــ ـــــــ ــــــ ـــــ ـــــــــ ــــ ـــــــ ـــــ ـــــــ ــــــ ـــــ ــــــــ ـــ ـــــــ ــــــ ـــــ ـــــــــ ــــ ـــــــ ـــــ ـــــــ ــــــ ـــــ ــــــــ ـــ ـــــــ ــــــ ـــــ ـــــــــ ــــ ـــــــ ـــــ ـــــــ ــــــ ـــــ ــــــــ ـــ ـــــــ ــــــ ـــــ ـــــــــ ــــ ـــــــ ـــــ ـــــــ ــــــ ـــــ ــــــــ ـــ ـــــــ ــــــ ـــــ ـــــــــ ــــ ـــــــ ـــــ ـــــــ ــــــ ـــــ ــــــــ ـــ ـــــــ ــــــ ـــــ ـــــــــ ــــ ـــــــ ـــــ ـــــــ ــــــ ـــــ ــــــــ ـــ ـــــــ ــــــ ـــــ ـــــــــ ــــ ـــــــ ـــــ ـــــــ ــــــ ـــــ ــــــــ ـــ ـــــــ ــــــ ـــــ ـــــــــ ــــ ـــــــ ـــــ ـــــــ ــــــ ـــــ ــــــــ ـــ ـــــــ ــــــ ـــــ ـــــــــ ــــ ـــــــ ـــــ ـــــــ ــــــ ـــــ ــــــــ ـــ ـــــــ ــــــ ـــــ ـــــــــ ــــ ـــــــ ـــــ ـــــــ ــــــ ـــــ ــــــــ ـــ ـــــــ ــــــ ـــــ ـــــــــ ــــ ـــــــ ـــــ ـــــــ ــــــ ـــــ ــــــــ ـــ ـــــــ ــــــ ـــــ ـــــــــ ــــ ـــــــ ـــــ ـــــــ ــــــ ـــــ ــــــــ ـــ ـــــــ ــــــ ـــــ ـــــــــ ــــ ـــــــ ـــــ ـــــــ ــــــ ـــــ ــــــــ ـــ ـــــــ ــــــ ـــــ ـــــــــ ــــ ـــــــ ـــــ ـــــــ ــــــ ـــــ ــــــــ ـــ ـــــــ ــــــ ـــــ ـــــــــ ــــ ـــــــ ـــــ ـــــــ ــــــ ـــــ ــــــــ ـــ ـــــــ ــــــ ـــــ ـــــــــ ــــ ـــــــ ـــــ ـــــــ ــــــ ـــــ ــــــــ ـــ ـــــــ ــــــ ـــــ ـــــــــ ــــ
☆☆☆☆
☆☆
